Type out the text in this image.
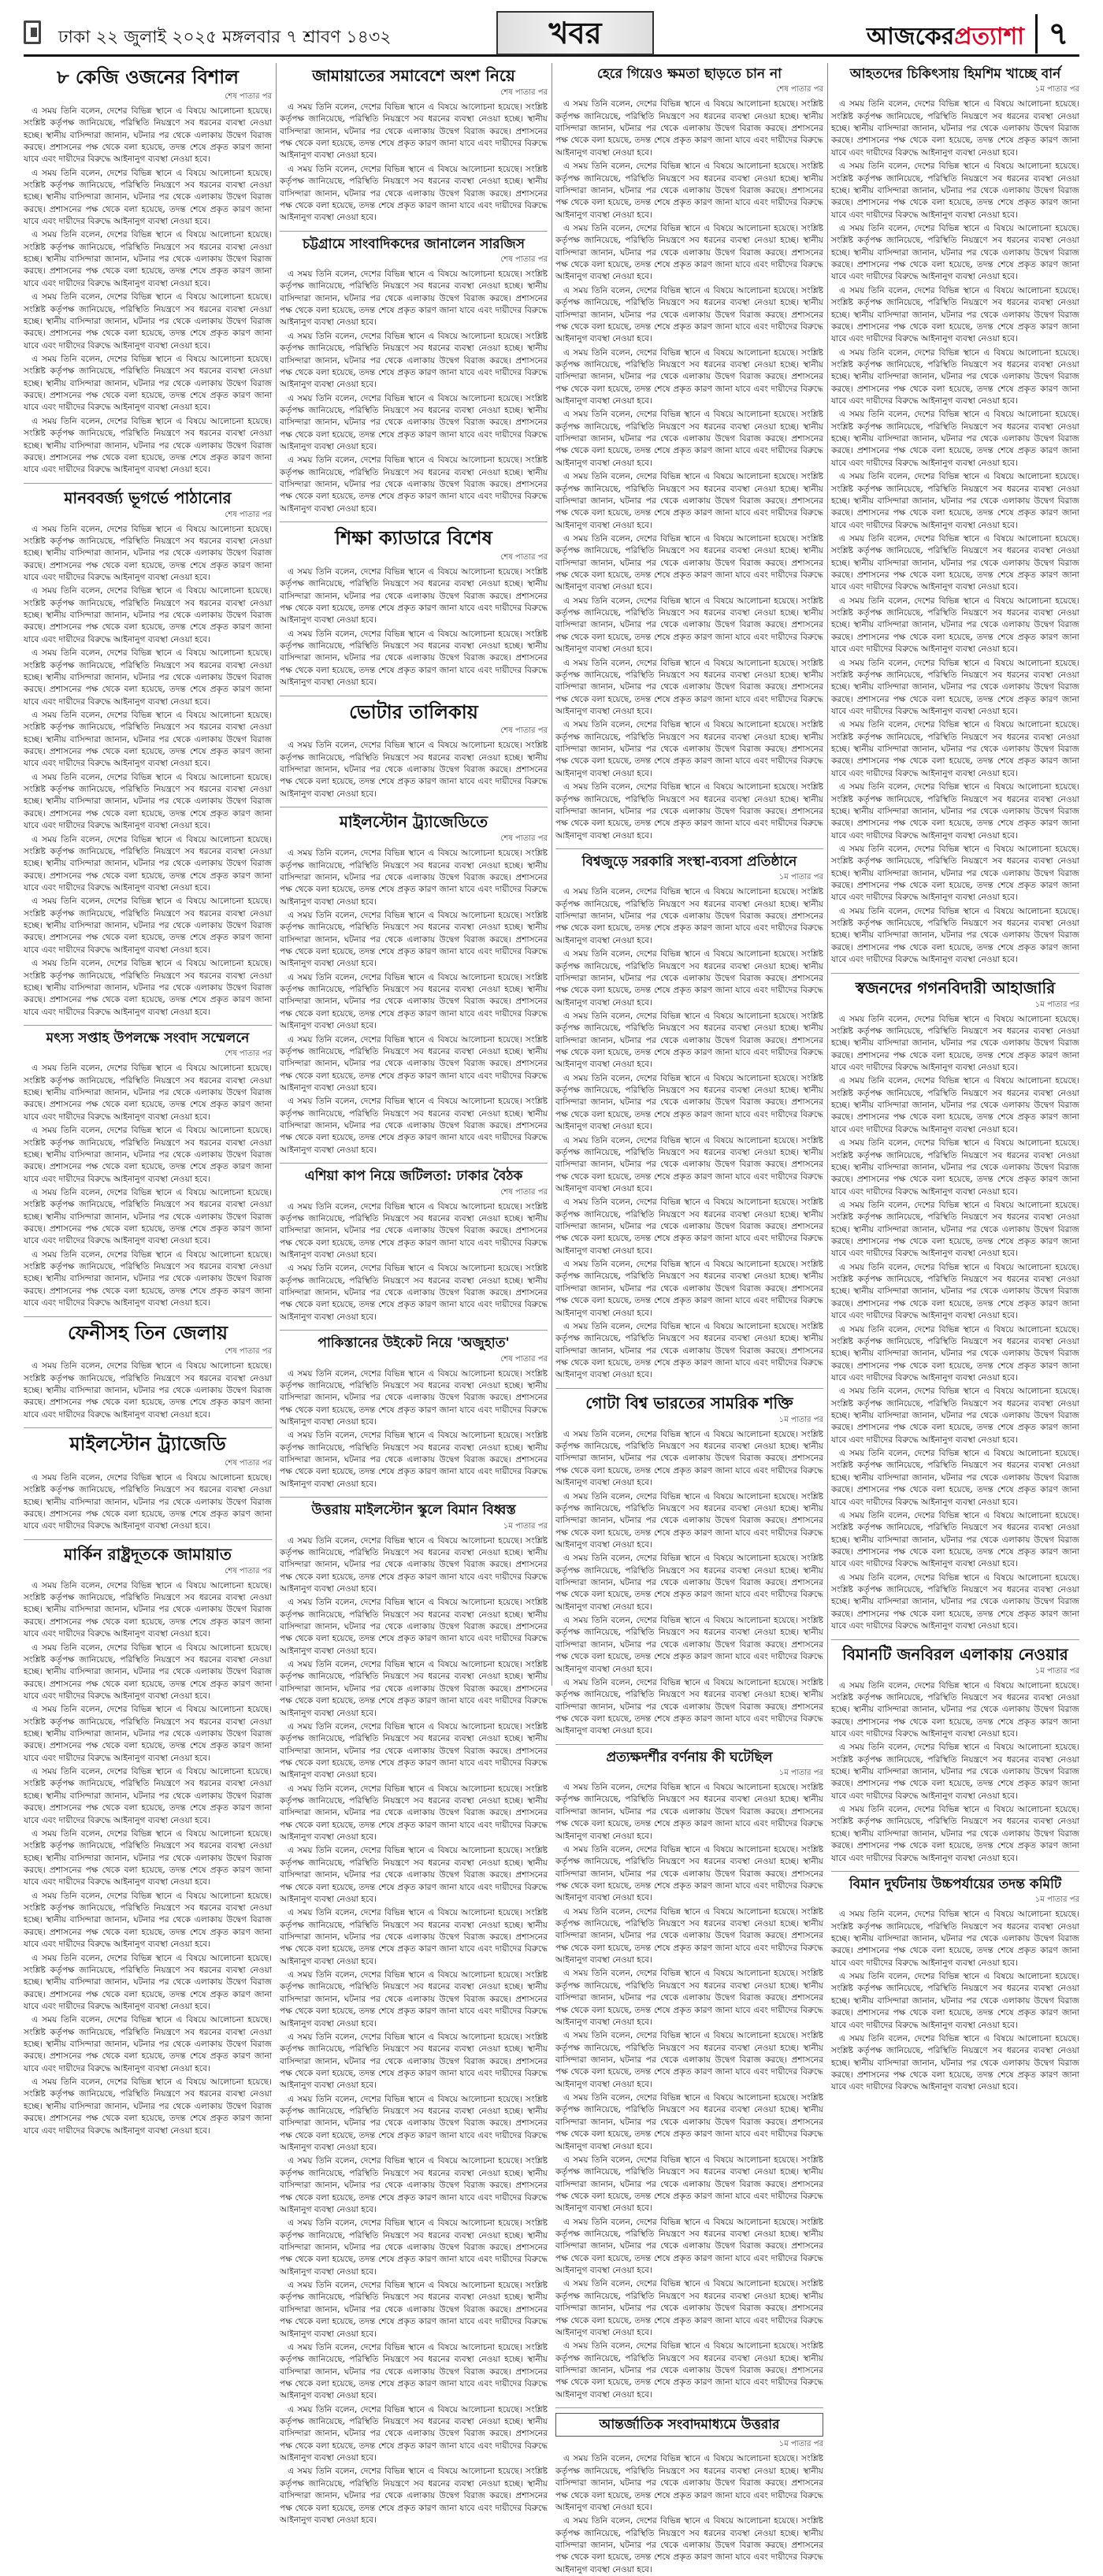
ঢাকা ২২ জুলাই ২০২৫ মঙ্গলবার ৭ শ্রাবণ ১৪৩২	খবর	আজকেরপ্রত্যাশা ৭
৮ কেজি ওজনের বিশাল
শেষ পাতার পর

এ সময় তিনি বলেন, দেশের বিভিন্ন স্থানে এ বিষয়ে আলোচনা হয়েছে। সংশ্লিষ্ট কর্তৃপক্ষ জানিয়েছে, পরিস্থিতি নিয়ন্ত্রণে সব ধরনের ব্যবস্থা নেওয়া হচ্ছে। স্থানীয় বাসিন্দারা জানান, ঘটনার পর থেকে এলাকায় উদ্বেগ বিরাজ করছে। প্রশাসনের পক্ষ থেকে বলা হয়েছে, তদন্ত শেষে প্রকৃত কারণ জানা যাবে এবং দায়ীদের বিরুদ্ধে আইনানুগ ব্যবস্থা নেওয়া হবে।

এ সময় তিনি বলেন, দেশের বিভিন্ন স্থানে এ বিষয়ে আলোচনা হয়েছে। সংশ্লিষ্ট কর্তৃপক্ষ জানিয়েছে, পরিস্থিতি নিয়ন্ত্রণে সব ধরনের ব্যবস্থা নেওয়া হচ্ছে। স্থানীয় বাসিন্দারা জানান, ঘটনার পর থেকে এলাকায় উদ্বেগ বিরাজ করছে। প্রশাসনের পক্ষ থেকে বলা হয়েছে, তদন্ত শেষে প্রকৃত কারণ জানা যাবে এবং দায়ীদের বিরুদ্ধে আইনানুগ ব্যবস্থা নেওয়া হবে।

এ সময় তিনি বলেন, দেশের বিভিন্ন স্থানে এ বিষয়ে আলোচনা হয়েছে। সংশ্লিষ্ট কর্তৃপক্ষ জানিয়েছে, পরিস্থিতি নিয়ন্ত্রণে সব ধরনের ব্যবস্থা নেওয়া হচ্ছে। স্থানীয় বাসিন্দারা জানান, ঘটনার পর থেকে এলাকায় উদ্বেগ বিরাজ করছে। প্রশাসনের পক্ষ থেকে বলা হয়েছে, তদন্ত শেষে প্রকৃত কারণ জানা যাবে এবং দায়ীদের বিরুদ্ধে আইনানুগ ব্যবস্থা নেওয়া হবে।

এ সময় তিনি বলেন, দেশের বিভিন্ন স্থানে এ বিষয়ে আলোচনা হয়েছে। সংশ্লিষ্ট কর্তৃপক্ষ জানিয়েছে, পরিস্থিতি নিয়ন্ত্রণে সব ধরনের ব্যবস্থা নেওয়া হচ্ছে। স্থানীয় বাসিন্দারা জানান, ঘটনার পর থেকে এলাকায় উদ্বেগ বিরাজ করছে। প্রশাসনের পক্ষ থেকে বলা হয়েছে, তদন্ত শেষে প্রকৃত কারণ জানা যাবে এবং দায়ীদের বিরুদ্ধে আইনানুগ ব্যবস্থা নেওয়া হবে।

এ সময় তিনি বলেন, দেশের বিভিন্ন স্থানে এ বিষয়ে আলোচনা হয়েছে। সংশ্লিষ্ট কর্তৃপক্ষ জানিয়েছে, পরিস্থিতি নিয়ন্ত্রণে সব ধরনের ব্যবস্থা নেওয়া হচ্ছে। স্থানীয় বাসিন্দারা জানান, ঘটনার পর থেকে এলাকায় উদ্বেগ বিরাজ করছে। প্রশাসনের পক্ষ থেকে বলা হয়েছে, তদন্ত শেষে প্রকৃত কারণ জানা যাবে এবং দায়ীদের বিরুদ্ধে আইনানুগ ব্যবস্থা নেওয়া হবে।

এ সময় তিনি বলেন, দেশের বিভিন্ন স্থানে এ বিষয়ে আলোচনা হয়েছে। সংশ্লিষ্ট কর্তৃপক্ষ জানিয়েছে, পরিস্থিতি নিয়ন্ত্রণে সব ধরনের ব্যবস্থা নেওয়া হচ্ছে। স্থানীয় বাসিন্দারা জানান, ঘটনার পর থেকে এলাকায় উদ্বেগ বিরাজ করছে। প্রশাসনের পক্ষ থেকে বলা হয়েছে, তদন্ত শেষে প্রকৃত কারণ জানা যাবে এবং দায়ীদের বিরুদ্ধে আইনানুগ ব্যবস্থা নেওয়া হবে।

মানববর্জ্য ভূগর্ভে পাঠানোর
শেষ পাতার পর

এ সময় তিনি বলেন, দেশের বিভিন্ন স্থানে এ বিষয়ে আলোচনা হয়েছে। সংশ্লিষ্ট কর্তৃপক্ষ জানিয়েছে, পরিস্থিতি নিয়ন্ত্রণে সব ধরনের ব্যবস্থা নেওয়া হচ্ছে। স্থানীয় বাসিন্দারা জানান, ঘটনার পর থেকে এলাকায় উদ্বেগ বিরাজ করছে। প্রশাসনের পক্ষ থেকে বলা হয়েছে, তদন্ত শেষে প্রকৃত কারণ জানা যাবে এবং দায়ীদের বিরুদ্ধে আইনানুগ ব্যবস্থা নেওয়া হবে।

এ সময় তিনি বলেন, দেশের বিভিন্ন স্থানে এ বিষয়ে আলোচনা হয়েছে। সংশ্লিষ্ট কর্তৃপক্ষ জানিয়েছে, পরিস্থিতি নিয়ন্ত্রণে সব ধরনের ব্যবস্থা নেওয়া হচ্ছে। স্থানীয় বাসিন্দারা জানান, ঘটনার পর থেকে এলাকায় উদ্বেগ বিরাজ করছে। প্রশাসনের পক্ষ থেকে বলা হয়েছে, তদন্ত শেষে প্রকৃত কারণ জানা যাবে এবং দায়ীদের বিরুদ্ধে আইনানুগ ব্যবস্থা নেওয়া হবে।

এ সময় তিনি বলেন, দেশের বিভিন্ন স্থানে এ বিষয়ে আলোচনা হয়েছে। সংশ্লিষ্ট কর্তৃপক্ষ জানিয়েছে, পরিস্থিতি নিয়ন্ত্রণে সব ধরনের ব্যবস্থা নেওয়া হচ্ছে। স্থানীয় বাসিন্দারা জানান, ঘটনার পর থেকে এলাকায় উদ্বেগ বিরাজ করছে। প্রশাসনের পক্ষ থেকে বলা হয়েছে, তদন্ত শেষে প্রকৃত কারণ জানা যাবে এবং দায়ীদের বিরুদ্ধে আইনানুগ ব্যবস্থা নেওয়া হবে।

এ সময় তিনি বলেন, দেশের বিভিন্ন স্থানে এ বিষয়ে আলোচনা হয়েছে। সংশ্লিষ্ট কর্তৃপক্ষ জানিয়েছে, পরিস্থিতি নিয়ন্ত্রণে সব ধরনের ব্যবস্থা নেওয়া হচ্ছে। স্থানীয় বাসিন্দারা জানান, ঘটনার পর থেকে এলাকায় উদ্বেগ বিরাজ করছে। প্রশাসনের পক্ষ থেকে বলা হয়েছে, তদন্ত শেষে প্রকৃত কারণ জানা যাবে এবং দায়ীদের বিরুদ্ধে আইনানুগ ব্যবস্থা নেওয়া হবে।

এ সময় তিনি বলেন, দেশের বিভিন্ন স্থানে এ বিষয়ে আলোচনা হয়েছে। সংশ্লিষ্ট কর্তৃপক্ষ জানিয়েছে, পরিস্থিতি নিয়ন্ত্রণে সব ধরনের ব্যবস্থা নেওয়া হচ্ছে। স্থানীয় বাসিন্দারা জানান, ঘটনার পর থেকে এলাকায় উদ্বেগ বিরাজ করছে। প্রশাসনের পক্ষ থেকে বলা হয়েছে, তদন্ত শেষে প্রকৃত কারণ জানা যাবে এবং দায়ীদের বিরুদ্ধে আইনানুগ ব্যবস্থা নেওয়া হবে।

এ সময় তিনি বলেন, দেশের বিভিন্ন স্থানে এ বিষয়ে আলোচনা হয়েছে। সংশ্লিষ্ট কর্তৃপক্ষ জানিয়েছে, পরিস্থিতি নিয়ন্ত্রণে সব ধরনের ব্যবস্থা নেওয়া হচ্ছে। স্থানীয় বাসিন্দারা জানান, ঘটনার পর থেকে এলাকায় উদ্বেগ বিরাজ করছে। প্রশাসনের পক্ষ থেকে বলা হয়েছে, তদন্ত শেষে প্রকৃত কারণ জানা যাবে এবং দায়ীদের বিরুদ্ধে আইনানুগ ব্যবস্থা নেওয়া হবে।

এ সময় তিনি বলেন, দেশের বিভিন্ন স্থানে এ বিষয়ে আলোচনা হয়েছে। সংশ্লিষ্ট কর্তৃপক্ষ জানিয়েছে, পরিস্থিতি নিয়ন্ত্রণে সব ধরনের ব্যবস্থা নেওয়া হচ্ছে। স্থানীয় বাসিন্দারা জানান, ঘটনার পর থেকে এলাকায় উদ্বেগ বিরাজ করছে। প্রশাসনের পক্ষ থেকে বলা হয়েছে, তদন্ত শেষে প্রকৃত কারণ জানা যাবে এবং দায়ীদের বিরুদ্ধে আইনানুগ ব্যবস্থা নেওয়া হবে।

এ সময় তিনি বলেন, দেশের বিভিন্ন স্থানে এ বিষয়ে আলোচনা হয়েছে। সংশ্লিষ্ট কর্তৃপক্ষ জানিয়েছে, পরিস্থিতি নিয়ন্ত্রণে সব ধরনের ব্যবস্থা নেওয়া হচ্ছে। স্থানীয় বাসিন্দারা জানান, ঘটনার পর থেকে এলাকায় উদ্বেগ বিরাজ করছে। প্রশাসনের পক্ষ থেকে বলা হয়েছে, তদন্ত শেষে প্রকৃত কারণ জানা যাবে এবং দায়ীদের বিরুদ্ধে আইনানুগ ব্যবস্থা নেওয়া হবে।

মৎস্য সপ্তাহ উপলক্ষে সংবাদ সম্মেলনে
শেষ পাতার পর

এ সময় তিনি বলেন, দেশের বিভিন্ন স্থানে এ বিষয়ে আলোচনা হয়েছে। সংশ্লিষ্ট কর্তৃপক্ষ জানিয়েছে, পরিস্থিতি নিয়ন্ত্রণে সব ধরনের ব্যবস্থা নেওয়া হচ্ছে। স্থানীয় বাসিন্দারা জানান, ঘটনার পর থেকে এলাকায় উদ্বেগ বিরাজ করছে। প্রশাসনের পক্ষ থেকে বলা হয়েছে, তদন্ত শেষে প্রকৃত কারণ জানা যাবে এবং দায়ীদের বিরুদ্ধে আইনানুগ ব্যবস্থা নেওয়া হবে।

এ সময় তিনি বলেন, দেশের বিভিন্ন স্থানে এ বিষয়ে আলোচনা হয়েছে। সংশ্লিষ্ট কর্তৃপক্ষ জানিয়েছে, পরিস্থিতি নিয়ন্ত্রণে সব ধরনের ব্যবস্থা নেওয়া হচ্ছে। স্থানীয় বাসিন্দারা জানান, ঘটনার পর থেকে এলাকায় উদ্বেগ বিরাজ করছে। প্রশাসনের পক্ষ থেকে বলা হয়েছে, তদন্ত শেষে প্রকৃত কারণ জানা যাবে এবং দায়ীদের বিরুদ্ধে আইনানুগ ব্যবস্থা নেওয়া হবে।

এ সময় তিনি বলেন, দেশের বিভিন্ন স্থানে এ বিষয়ে আলোচনা হয়েছে। সংশ্লিষ্ট কর্তৃপক্ষ জানিয়েছে, পরিস্থিতি নিয়ন্ত্রণে সব ধরনের ব্যবস্থা নেওয়া হচ্ছে। স্থানীয় বাসিন্দারা জানান, ঘটনার পর থেকে এলাকায় উদ্বেগ বিরাজ করছে। প্রশাসনের পক্ষ থেকে বলা হয়েছে, তদন্ত শেষে প্রকৃত কারণ জানা যাবে এবং দায়ীদের বিরুদ্ধে আইনানুগ ব্যবস্থা নেওয়া হবে।

এ সময় তিনি বলেন, দেশের বিভিন্ন স্থানে এ বিষয়ে আলোচনা হয়েছে। সংশ্লিষ্ট কর্তৃপক্ষ জানিয়েছে, পরিস্থিতি নিয়ন্ত্রণে সব ধরনের ব্যবস্থা নেওয়া হচ্ছে। স্থানীয় বাসিন্দারা জানান, ঘটনার পর থেকে এলাকায় উদ্বেগ বিরাজ করছে। প্রশাসনের পক্ষ থেকে বলা হয়েছে, তদন্ত শেষে প্রকৃত কারণ জানা যাবে এবং দায়ীদের বিরুদ্ধে আইনানুগ ব্যবস্থা নেওয়া হবে।

ফেনীসহ তিন জেলায়
শেষ পাতার পর

এ সময় তিনি বলেন, দেশের বিভিন্ন স্থানে এ বিষয়ে আলোচনা হয়েছে। সংশ্লিষ্ট কর্তৃপক্ষ জানিয়েছে, পরিস্থিতি নিয়ন্ত্রণে সব ধরনের ব্যবস্থা নেওয়া হচ্ছে। স্থানীয় বাসিন্দারা জানান, ঘটনার পর থেকে এলাকায় উদ্বেগ বিরাজ করছে। প্রশাসনের পক্ষ থেকে বলা হয়েছে, তদন্ত শেষে প্রকৃত কারণ জানা যাবে এবং দায়ীদের বিরুদ্ধে আইনানুগ ব্যবস্থা নেওয়া হবে।

মাইলস্টোন ট্র্যাজেডি
শেষ পাতার পর

এ সময় তিনি বলেন, দেশের বিভিন্ন স্থানে এ বিষয়ে আলোচনা হয়েছে। সংশ্লিষ্ট কর্তৃপক্ষ জানিয়েছে, পরিস্থিতি নিয়ন্ত্রণে সব ধরনের ব্যবস্থা নেওয়া হচ্ছে। স্থানীয় বাসিন্দারা জানান, ঘটনার পর থেকে এলাকায় উদ্বেগ বিরাজ করছে। প্রশাসনের পক্ষ থেকে বলা হয়েছে, তদন্ত শেষে প্রকৃত কারণ জানা যাবে এবং দায়ীদের বিরুদ্ধে আইনানুগ ব্যবস্থা নেওয়া হবে।

মার্কিন রাষ্ট্রদূতকে জামায়াত
শেষ পাতার পর

এ সময় তিনি বলেন, দেশের বিভিন্ন স্থানে এ বিষয়ে আলোচনা হয়েছে। সংশ্লিষ্ট কর্তৃপক্ষ জানিয়েছে, পরিস্থিতি নিয়ন্ত্রণে সব ধরনের ব্যবস্থা নেওয়া হচ্ছে। স্থানীয় বাসিন্দারা জানান, ঘটনার পর থেকে এলাকায় উদ্বেগ বিরাজ করছে। প্রশাসনের পক্ষ থেকে বলা হয়েছে, তদন্ত শেষে প্রকৃত কারণ জানা যাবে এবং দায়ীদের বিরুদ্ধে আইনানুগ ব্যবস্থা নেওয়া হবে।

এ সময় তিনি বলেন, দেশের বিভিন্ন স্থানে এ বিষয়ে আলোচনা হয়েছে। সংশ্লিষ্ট কর্তৃপক্ষ জানিয়েছে, পরিস্থিতি নিয়ন্ত্রণে সব ধরনের ব্যবস্থা নেওয়া হচ্ছে। স্থানীয় বাসিন্দারা জানান, ঘটনার পর থেকে এলাকায় উদ্বেগ বিরাজ করছে। প্রশাসনের পক্ষ থেকে বলা হয়েছে, তদন্ত শেষে প্রকৃত কারণ জানা যাবে এবং দায়ীদের বিরুদ্ধে আইনানুগ ব্যবস্থা নেওয়া হবে।

এ সময় তিনি বলেন, দেশের বিভিন্ন স্থানে এ বিষয়ে আলোচনা হয়েছে। সংশ্লিষ্ট কর্তৃপক্ষ জানিয়েছে, পরিস্থিতি নিয়ন্ত্রণে সব ধরনের ব্যবস্থা নেওয়া হচ্ছে। স্থানীয় বাসিন্দারা জানান, ঘটনার পর থেকে এলাকায় উদ্বেগ বিরাজ করছে। প্রশাসনের পক্ষ থেকে বলা হয়েছে, তদন্ত শেষে প্রকৃত কারণ জানা যাবে এবং দায়ীদের বিরুদ্ধে আইনানুগ ব্যবস্থা নেওয়া হবে।

এ সময় তিনি বলেন, দেশের বিভিন্ন স্থানে এ বিষয়ে আলোচনা হয়েছে। সংশ্লিষ্ট কর্তৃপক্ষ জানিয়েছে, পরিস্থিতি নিয়ন্ত্রণে সব ধরনের ব্যবস্থা নেওয়া হচ্ছে। স্থানীয় বাসিন্দারা জানান, ঘটনার পর থেকে এলাকায় উদ্বেগ বিরাজ করছে। প্রশাসনের পক্ষ থেকে বলা হয়েছে, তদন্ত শেষে প্রকৃত কারণ জানা যাবে এবং দায়ীদের বিরুদ্ধে আইনানুগ ব্যবস্থা নেওয়া হবে।

এ সময় তিনি বলেন, দেশের বিভিন্ন স্থানে এ বিষয়ে আলোচনা হয়েছে। সংশ্লিষ্ট কর্তৃপক্ষ জানিয়েছে, পরিস্থিতি নিয়ন্ত্রণে সব ধরনের ব্যবস্থা নেওয়া হচ্ছে। স্থানীয় বাসিন্দারা জানান, ঘটনার পর থেকে এলাকায় উদ্বেগ বিরাজ করছে। প্রশাসনের পক্ষ থেকে বলা হয়েছে, তদন্ত শেষে প্রকৃত কারণ জানা যাবে এবং দায়ীদের বিরুদ্ধে আইনানুগ ব্যবস্থা নেওয়া হবে।

এ সময় তিনি বলেন, দেশের বিভিন্ন স্থানে এ বিষয়ে আলোচনা হয়েছে। সংশ্লিষ্ট কর্তৃপক্ষ জানিয়েছে, পরিস্থিতি নিয়ন্ত্রণে সব ধরনের ব্যবস্থা নেওয়া হচ্ছে। স্থানীয় বাসিন্দারা জানান, ঘটনার পর থেকে এলাকায় উদ্বেগ বিরাজ করছে। প্রশাসনের পক্ষ থেকে বলা হয়েছে, তদন্ত শেষে প্রকৃত কারণ জানা যাবে এবং দায়ীদের বিরুদ্ধে আইনানুগ ব্যবস্থা নেওয়া হবে।

এ সময় তিনি বলেন, দেশের বিভিন্ন স্থানে এ বিষয়ে আলোচনা হয়েছে। সংশ্লিষ্ট কর্তৃপক্ষ জানিয়েছে, পরিস্থিতি নিয়ন্ত্রণে সব ধরনের ব্যবস্থা নেওয়া হচ্ছে। স্থানীয় বাসিন্দারা জানান, ঘটনার পর থেকে এলাকায় উদ্বেগ বিরাজ করছে। প্রশাসনের পক্ষ থেকে বলা হয়েছে, তদন্ত শেষে প্রকৃত কারণ জানা যাবে এবং দায়ীদের বিরুদ্ধে আইনানুগ ব্যবস্থা নেওয়া হবে।

এ সময় তিনি বলেন, দেশের বিভিন্ন স্থানে এ বিষয়ে আলোচনা হয়েছে। সংশ্লিষ্ট কর্তৃপক্ষ জানিয়েছে, পরিস্থিতি নিয়ন্ত্রণে সব ধরনের ব্যবস্থা নেওয়া হচ্ছে। স্থানীয় বাসিন্দারা জানান, ঘটনার পর থেকে এলাকায় উদ্বেগ বিরাজ করছে। প্রশাসনের পক্ষ থেকে বলা হয়েছে, তদন্ত শেষে প্রকৃত কারণ জানা যাবে এবং দায়ীদের বিরুদ্ধে আইনানুগ ব্যবস্থা নেওয়া হবে।

এ সময় তিনি বলেন, দেশের বিভিন্ন স্থানে এ বিষয়ে আলোচনা হয়েছে। সংশ্লিষ্ট কর্তৃপক্ষ জানিয়েছে, পরিস্থিতি নিয়ন্ত্রণে সব ধরনের ব্যবস্থা নেওয়া হচ্ছে। স্থানীয় বাসিন্দারা জানান, ঘটনার পর থেকে এলাকায় উদ্বেগ বিরাজ করছে। প্রশাসনের পক্ষ থেকে বলা হয়েছে, তদন্ত শেষে প্রকৃত কারণ জানা যাবে এবং দায়ীদের বিরুদ্ধে আইনানুগ ব্যবস্থা নেওয়া হবে।

জামায়াতের সমাবেশে অংশ নিয়ে
শেষ পাতার পর

এ সময় তিনি বলেন, দেশের বিভিন্ন স্থানে এ বিষয়ে আলোচনা হয়েছে। সংশ্লিষ্ট কর্তৃপক্ষ জানিয়েছে, পরিস্থিতি নিয়ন্ত্রণে সব ধরনের ব্যবস্থা নেওয়া হচ্ছে। স্থানীয় বাসিন্দারা জানান, ঘটনার পর থেকে এলাকায় উদ্বেগ বিরাজ করছে। প্রশাসনের পক্ষ থেকে বলা হয়েছে, তদন্ত শেষে প্রকৃত কারণ জানা যাবে এবং দায়ীদের বিরুদ্ধে আইনানুগ ব্যবস্থা নেওয়া হবে।

এ সময় তিনি বলেন, দেশের বিভিন্ন স্থানে এ বিষয়ে আলোচনা হয়েছে। সংশ্লিষ্ট কর্তৃপক্ষ জানিয়েছে, পরিস্থিতি নিয়ন্ত্রণে সব ধরনের ব্যবস্থা নেওয়া হচ্ছে। স্থানীয় বাসিন্দারা জানান, ঘটনার পর থেকে এলাকায় উদ্বেগ বিরাজ করছে। প্রশাসনের পক্ষ থেকে বলা হয়েছে, তদন্ত শেষে প্রকৃত কারণ জানা যাবে এবং দায়ীদের বিরুদ্ধে আইনানুগ ব্যবস্থা নেওয়া হবে।

চট্টগ্রামে সাংবাদিকদের জানালেন সারজিস
শেষ পাতার পর

এ সময় তিনি বলেন, দেশের বিভিন্ন স্থানে এ বিষয়ে আলোচনা হয়েছে। সংশ্লিষ্ট কর্তৃপক্ষ জানিয়েছে, পরিস্থিতি নিয়ন্ত্রণে সব ধরনের ব্যবস্থা নেওয়া হচ্ছে। স্থানীয় বাসিন্দারা জানান, ঘটনার পর থেকে এলাকায় উদ্বেগ বিরাজ করছে। প্রশাসনের পক্ষ থেকে বলা হয়েছে, তদন্ত শেষে প্রকৃত কারণ জানা যাবে এবং দায়ীদের বিরুদ্ধে আইনানুগ ব্যবস্থা নেওয়া হবে।

এ সময় তিনি বলেন, দেশের বিভিন্ন স্থানে এ বিষয়ে আলোচনা হয়েছে। সংশ্লিষ্ট কর্তৃপক্ষ জানিয়েছে, পরিস্থিতি নিয়ন্ত্রণে সব ধরনের ব্যবস্থা নেওয়া হচ্ছে। স্থানীয় বাসিন্দারা জানান, ঘটনার পর থেকে এলাকায় উদ্বেগ বিরাজ করছে। প্রশাসনের পক্ষ থেকে বলা হয়েছে, তদন্ত শেষে প্রকৃত কারণ জানা যাবে এবং দায়ীদের বিরুদ্ধে আইনানুগ ব্যবস্থা নেওয়া হবে।

এ সময় তিনি বলেন, দেশের বিভিন্ন স্থানে এ বিষয়ে আলোচনা হয়েছে। সংশ্লিষ্ট কর্তৃপক্ষ জানিয়েছে, পরিস্থিতি নিয়ন্ত্রণে সব ধরনের ব্যবস্থা নেওয়া হচ্ছে। স্থানীয় বাসিন্দারা জানান, ঘটনার পর থেকে এলাকায় উদ্বেগ বিরাজ করছে। প্রশাসনের পক্ষ থেকে বলা হয়েছে, তদন্ত শেষে প্রকৃত কারণ জানা যাবে এবং দায়ীদের বিরুদ্ধে আইনানুগ ব্যবস্থা নেওয়া হবে।

এ সময় তিনি বলেন, দেশের বিভিন্ন স্থানে এ বিষয়ে আলোচনা হয়েছে। সংশ্লিষ্ট কর্তৃপক্ষ জানিয়েছে, পরিস্থিতি নিয়ন্ত্রণে সব ধরনের ব্যবস্থা নেওয়া হচ্ছে। স্থানীয় বাসিন্দারা জানান, ঘটনার পর থেকে এলাকায় উদ্বেগ বিরাজ করছে। প্রশাসনের পক্ষ থেকে বলা হয়েছে, তদন্ত শেষে প্রকৃত কারণ জানা যাবে এবং দায়ীদের বিরুদ্ধে আইনানুগ ব্যবস্থা নেওয়া হবে।

শিক্ষা ক্যাডারে বিশেষ
শেষ পাতার পর

এ সময় তিনি বলেন, দেশের বিভিন্ন স্থানে এ বিষয়ে আলোচনা হয়েছে। সংশ্লিষ্ট কর্তৃপক্ষ জানিয়েছে, পরিস্থিতি নিয়ন্ত্রণে সব ধরনের ব্যবস্থা নেওয়া হচ্ছে। স্থানীয় বাসিন্দারা জানান, ঘটনার পর থেকে এলাকায় উদ্বেগ বিরাজ করছে। প্রশাসনের পক্ষ থেকে বলা হয়েছে, তদন্ত শেষে প্রকৃত কারণ জানা যাবে এবং দায়ীদের বিরুদ্ধে আইনানুগ ব্যবস্থা নেওয়া হবে।

এ সময় তিনি বলেন, দেশের বিভিন্ন স্থানে এ বিষয়ে আলোচনা হয়েছে। সংশ্লিষ্ট কর্তৃপক্ষ জানিয়েছে, পরিস্থিতি নিয়ন্ত্রণে সব ধরনের ব্যবস্থা নেওয়া হচ্ছে। স্থানীয় বাসিন্দারা জানান, ঘটনার পর থেকে এলাকায় উদ্বেগ বিরাজ করছে। প্রশাসনের পক্ষ থেকে বলা হয়েছে, তদন্ত শেষে প্রকৃত কারণ জানা যাবে এবং দায়ীদের বিরুদ্ধে আইনানুগ ব্যবস্থা নেওয়া হবে।

ভোটার তালিকায়
শেষ পাতার পর

এ সময় তিনি বলেন, দেশের বিভিন্ন স্থানে এ বিষয়ে আলোচনা হয়েছে। সংশ্লিষ্ট কর্তৃপক্ষ জানিয়েছে, পরিস্থিতি নিয়ন্ত্রণে সব ধরনের ব্যবস্থা নেওয়া হচ্ছে। স্থানীয় বাসিন্দারা জানান, ঘটনার পর থেকে এলাকায় উদ্বেগ বিরাজ করছে। প্রশাসনের পক্ষ থেকে বলা হয়েছে, তদন্ত শেষে প্রকৃত কারণ জানা যাবে এবং দায়ীদের বিরুদ্ধে আইনানুগ ব্যবস্থা নেওয়া হবে।

মাইলস্টোন ট্র্যাজেডিতে
শেষ পাতার পর

এ সময় তিনি বলেন, দেশের বিভিন্ন স্থানে এ বিষয়ে আলোচনা হয়েছে। সংশ্লিষ্ট কর্তৃপক্ষ জানিয়েছে, পরিস্থিতি নিয়ন্ত্রণে সব ধরনের ব্যবস্থা নেওয়া হচ্ছে। স্থানীয় বাসিন্দারা জানান, ঘটনার পর থেকে এলাকায় উদ্বেগ বিরাজ করছে। প্রশাসনের পক্ষ থেকে বলা হয়েছে, তদন্ত শেষে প্রকৃত কারণ জানা যাবে এবং দায়ীদের বিরুদ্ধে আইনানুগ ব্যবস্থা নেওয়া হবে।

এ সময় তিনি বলেন, দেশের বিভিন্ন স্থানে এ বিষয়ে আলোচনা হয়েছে। সংশ্লিষ্ট কর্তৃপক্ষ জানিয়েছে, পরিস্থিতি নিয়ন্ত্রণে সব ধরনের ব্যবস্থা নেওয়া হচ্ছে। স্থানীয় বাসিন্দারা জানান, ঘটনার পর থেকে এলাকায় উদ্বেগ বিরাজ করছে। প্রশাসনের পক্ষ থেকে বলা হয়েছে, তদন্ত শেষে প্রকৃত কারণ জানা যাবে এবং দায়ীদের বিরুদ্ধে আইনানুগ ব্যবস্থা নেওয়া হবে।

এ সময় তিনি বলেন, দেশের বিভিন্ন স্থানে এ বিষয়ে আলোচনা হয়েছে। সংশ্লিষ্ট কর্তৃপক্ষ জানিয়েছে, পরিস্থিতি নিয়ন্ত্রণে সব ধরনের ব্যবস্থা নেওয়া হচ্ছে। স্থানীয় বাসিন্দারা জানান, ঘটনার পর থেকে এলাকায় উদ্বেগ বিরাজ করছে। প্রশাসনের পক্ষ থেকে বলা হয়েছে, তদন্ত শেষে প্রকৃত কারণ জানা যাবে এবং দায়ীদের বিরুদ্ধে আইনানুগ ব্যবস্থা নেওয়া হবে।

এ সময় তিনি বলেন, দেশের বিভিন্ন স্থানে এ বিষয়ে আলোচনা হয়েছে। সংশ্লিষ্ট কর্তৃপক্ষ জানিয়েছে, পরিস্থিতি নিয়ন্ত্রণে সব ধরনের ব্যবস্থা নেওয়া হচ্ছে। স্থানীয় বাসিন্দারা জানান, ঘটনার পর থেকে এলাকায় উদ্বেগ বিরাজ করছে। প্রশাসনের পক্ষ থেকে বলা হয়েছে, তদন্ত শেষে প্রকৃত কারণ জানা যাবে এবং দায়ীদের বিরুদ্ধে আইনানুগ ব্যবস্থা নেওয়া হবে।

এ সময় তিনি বলেন, দেশের বিভিন্ন স্থানে এ বিষয়ে আলোচনা হয়েছে। সংশ্লিষ্ট কর্তৃপক্ষ জানিয়েছে, পরিস্থিতি নিয়ন্ত্রণে সব ধরনের ব্যবস্থা নেওয়া হচ্ছে। স্থানীয় বাসিন্দারা জানান, ঘটনার পর থেকে এলাকায় উদ্বেগ বিরাজ করছে। প্রশাসনের পক্ষ থেকে বলা হয়েছে, তদন্ত শেষে প্রকৃত কারণ জানা যাবে এবং দায়ীদের বিরুদ্ধে আইনানুগ ব্যবস্থা নেওয়া হবে।

এশিয়া কাপ নিয়ে জটিলতা: ঢাকার বৈঠক
শেষ পাতার পর

এ সময় তিনি বলেন, দেশের বিভিন্ন স্থানে এ বিষয়ে আলোচনা হয়েছে। সংশ্লিষ্ট কর্তৃপক্ষ জানিয়েছে, পরিস্থিতি নিয়ন্ত্রণে সব ধরনের ব্যবস্থা নেওয়া হচ্ছে। স্থানীয় বাসিন্দারা জানান, ঘটনার পর থেকে এলাকায় উদ্বেগ বিরাজ করছে। প্রশাসনের পক্ষ থেকে বলা হয়েছে, তদন্ত শেষে প্রকৃত কারণ জানা যাবে এবং দায়ীদের বিরুদ্ধে আইনানুগ ব্যবস্থা নেওয়া হবে।

এ সময় তিনি বলেন, দেশের বিভিন্ন স্থানে এ বিষয়ে আলোচনা হয়েছে। সংশ্লিষ্ট কর্তৃপক্ষ জানিয়েছে, পরিস্থিতি নিয়ন্ত্রণে সব ধরনের ব্যবস্থা নেওয়া হচ্ছে। স্থানীয় বাসিন্দারা জানান, ঘটনার পর থেকে এলাকায় উদ্বেগ বিরাজ করছে। প্রশাসনের পক্ষ থেকে বলা হয়েছে, তদন্ত শেষে প্রকৃত কারণ জানা যাবে এবং দায়ীদের বিরুদ্ধে আইনানুগ ব্যবস্থা নেওয়া হবে।

পাকিস্তানের উইকেট নিয়ে 'অজুহাত'
শেষ পাতার পর

এ সময় তিনি বলেন, দেশের বিভিন্ন স্থানে এ বিষয়ে আলোচনা হয়েছে। সংশ্লিষ্ট কর্তৃপক্ষ জানিয়েছে, পরিস্থিতি নিয়ন্ত্রণে সব ধরনের ব্যবস্থা নেওয়া হচ্ছে। স্থানীয় বাসিন্দারা জানান, ঘটনার পর থেকে এলাকায় উদ্বেগ বিরাজ করছে। প্রশাসনের পক্ষ থেকে বলা হয়েছে, তদন্ত শেষে প্রকৃত কারণ জানা যাবে এবং দায়ীদের বিরুদ্ধে আইনানুগ ব্যবস্থা নেওয়া হবে।

এ সময় তিনি বলেন, দেশের বিভিন্ন স্থানে এ বিষয়ে আলোচনা হয়েছে। সংশ্লিষ্ট কর্তৃপক্ষ জানিয়েছে, পরিস্থিতি নিয়ন্ত্রণে সব ধরনের ব্যবস্থা নেওয়া হচ্ছে। স্থানীয় বাসিন্দারা জানান, ঘটনার পর থেকে এলাকায় উদ্বেগ বিরাজ করছে। প্রশাসনের পক্ষ থেকে বলা হয়েছে, তদন্ত শেষে প্রকৃত কারণ জানা যাবে এবং দায়ীদের বিরুদ্ধে আইনানুগ ব্যবস্থা নেওয়া হবে।

উত্তরায় মাইলস্টোন স্কুলে বিমান বিধ্বস্ত
১ম পাতার পর

এ সময় তিনি বলেন, দেশের বিভিন্ন স্থানে এ বিষয়ে আলোচনা হয়েছে। সংশ্লিষ্ট কর্তৃপক্ষ জানিয়েছে, পরিস্থিতি নিয়ন্ত্রণে সব ধরনের ব্যবস্থা নেওয়া হচ্ছে। স্থানীয় বাসিন্দারা জানান, ঘটনার পর থেকে এলাকায় উদ্বেগ বিরাজ করছে। প্রশাসনের পক্ষ থেকে বলা হয়েছে, তদন্ত শেষে প্রকৃত কারণ জানা যাবে এবং দায়ীদের বিরুদ্ধে আইনানুগ ব্যবস্থা নেওয়া হবে।

এ সময় তিনি বলেন, দেশের বিভিন্ন স্থানে এ বিষয়ে আলোচনা হয়েছে। সংশ্লিষ্ট কর্তৃপক্ষ জানিয়েছে, পরিস্থিতি নিয়ন্ত্রণে সব ধরনের ব্যবস্থা নেওয়া হচ্ছে। স্থানীয় বাসিন্দারা জানান, ঘটনার পর থেকে এলাকায় উদ্বেগ বিরাজ করছে। প্রশাসনের পক্ষ থেকে বলা হয়েছে, তদন্ত শেষে প্রকৃত কারণ জানা যাবে এবং দায়ীদের বিরুদ্ধে আইনানুগ ব্যবস্থা নেওয়া হবে।

এ সময় তিনি বলেন, দেশের বিভিন্ন স্থানে এ বিষয়ে আলোচনা হয়েছে। সংশ্লিষ্ট কর্তৃপক্ষ জানিয়েছে, পরিস্থিতি নিয়ন্ত্রণে সব ধরনের ব্যবস্থা নেওয়া হচ্ছে। স্থানীয় বাসিন্দারা জানান, ঘটনার পর থেকে এলাকায় উদ্বেগ বিরাজ করছে। প্রশাসনের পক্ষ থেকে বলা হয়েছে, তদন্ত শেষে প্রকৃত কারণ জানা যাবে এবং দায়ীদের বিরুদ্ধে আইনানুগ ব্যবস্থা নেওয়া হবে।

এ সময় তিনি বলেন, দেশের বিভিন্ন স্থানে এ বিষয়ে আলোচনা হয়েছে। সংশ্লিষ্ট কর্তৃপক্ষ জানিয়েছে, পরিস্থিতি নিয়ন্ত্রণে সব ধরনের ব্যবস্থা নেওয়া হচ্ছে। স্থানীয় বাসিন্দারা জানান, ঘটনার পর থেকে এলাকায় উদ্বেগ বিরাজ করছে। প্রশাসনের পক্ষ থেকে বলা হয়েছে, তদন্ত শেষে প্রকৃত কারণ জানা যাবে এবং দায়ীদের বিরুদ্ধে আইনানুগ ব্যবস্থা নেওয়া হবে।

এ সময় তিনি বলেন, দেশের বিভিন্ন স্থানে এ বিষয়ে আলোচনা হয়েছে। সংশ্লিষ্ট কর্তৃপক্ষ জানিয়েছে, পরিস্থিতি নিয়ন্ত্রণে সব ধরনের ব্যবস্থা নেওয়া হচ্ছে। স্থানীয় বাসিন্দারা জানান, ঘটনার পর থেকে এলাকায় উদ্বেগ বিরাজ করছে। প্রশাসনের পক্ষ থেকে বলা হয়েছে, তদন্ত শেষে প্রকৃত কারণ জানা যাবে এবং দায়ীদের বিরুদ্ধে আইনানুগ ব্যবস্থা নেওয়া হবে।

এ সময় তিনি বলেন, দেশের বিভিন্ন স্থানে এ বিষয়ে আলোচনা হয়েছে। সংশ্লিষ্ট কর্তৃপক্ষ জানিয়েছে, পরিস্থিতি নিয়ন্ত্রণে সব ধরনের ব্যবস্থা নেওয়া হচ্ছে। স্থানীয় বাসিন্দারা জানান, ঘটনার পর থেকে এলাকায় উদ্বেগ বিরাজ করছে। প্রশাসনের পক্ষ থেকে বলা হয়েছে, তদন্ত শেষে প্রকৃত কারণ জানা যাবে এবং দায়ীদের বিরুদ্ধে আইনানুগ ব্যবস্থা নেওয়া হবে।

এ সময় তিনি বলেন, দেশের বিভিন্ন স্থানে এ বিষয়ে আলোচনা হয়েছে। সংশ্লিষ্ট কর্তৃপক্ষ জানিয়েছে, পরিস্থিতি নিয়ন্ত্রণে সব ধরনের ব্যবস্থা নেওয়া হচ্ছে। স্থানীয় বাসিন্দারা জানান, ঘটনার পর থেকে এলাকায় উদ্বেগ বিরাজ করছে। প্রশাসনের পক্ষ থেকে বলা হয়েছে, তদন্ত শেষে প্রকৃত কারণ জানা যাবে এবং দায়ীদের বিরুদ্ধে আইনানুগ ব্যবস্থা নেওয়া হবে।

এ সময় তিনি বলেন, দেশের বিভিন্ন স্থানে এ বিষয়ে আলোচনা হয়েছে। সংশ্লিষ্ট কর্তৃপক্ষ জানিয়েছে, পরিস্থিতি নিয়ন্ত্রণে সব ধরনের ব্যবস্থা নেওয়া হচ্ছে। স্থানীয় বাসিন্দারা জানান, ঘটনার পর থেকে এলাকায় উদ্বেগ বিরাজ করছে। প্রশাসনের পক্ষ থেকে বলা হয়েছে, তদন্ত শেষে প্রকৃত কারণ জানা যাবে এবং দায়ীদের বিরুদ্ধে আইনানুগ ব্যবস্থা নেওয়া হবে।

এ সময় তিনি বলেন, দেশের বিভিন্ন স্থানে এ বিষয়ে আলোচনা হয়েছে। সংশ্লিষ্ট কর্তৃপক্ষ জানিয়েছে, পরিস্থিতি নিয়ন্ত্রণে সব ধরনের ব্যবস্থা নেওয়া হচ্ছে। স্থানীয় বাসিন্দারা জানান, ঘটনার পর থেকে এলাকায় উদ্বেগ বিরাজ করছে। প্রশাসনের পক্ষ থেকে বলা হয়েছে, তদন্ত শেষে প্রকৃত কারণ জানা যাবে এবং দায়ীদের বিরুদ্ধে আইনানুগ ব্যবস্থা নেওয়া হবে।

এ সময় তিনি বলেন, দেশের বিভিন্ন স্থানে এ বিষয়ে আলোচনা হয়েছে। সংশ্লিষ্ট কর্তৃপক্ষ জানিয়েছে, পরিস্থিতি নিয়ন্ত্রণে সব ধরনের ব্যবস্থা নেওয়া হচ্ছে। স্থানীয় বাসিন্দারা জানান, ঘটনার পর থেকে এলাকায় উদ্বেগ বিরাজ করছে। প্রশাসনের পক্ষ থেকে বলা হয়েছে, তদন্ত শেষে প্রকৃত কারণ জানা যাবে এবং দায়ীদের বিরুদ্ধে আইনানুগ ব্যবস্থা নেওয়া হবে।

এ সময় তিনি বলেন, দেশের বিভিন্ন স্থানে এ বিষয়ে আলোচনা হয়েছে। সংশ্লিষ্ট কর্তৃপক্ষ জানিয়েছে, পরিস্থিতি নিয়ন্ত্রণে সব ধরনের ব্যবস্থা নেওয়া হচ্ছে। স্থানীয় বাসিন্দারা জানান, ঘটনার পর থেকে এলাকায় উদ্বেগ বিরাজ করছে। প্রশাসনের পক্ষ থেকে বলা হয়েছে, তদন্ত শেষে প্রকৃত কারণ জানা যাবে এবং দায়ীদের বিরুদ্ধে আইনানুগ ব্যবস্থা নেওয়া হবে।

এ সময় তিনি বলেন, দেশের বিভিন্ন স্থানে এ বিষয়ে আলোচনা হয়েছে। সংশ্লিষ্ট কর্তৃপক্ষ জানিয়েছে, পরিস্থিতি নিয়ন্ত্রণে সব ধরনের ব্যবস্থা নেওয়া হচ্ছে। স্থানীয় বাসিন্দারা জানান, ঘটনার পর থেকে এলাকায় উদ্বেগ বিরাজ করছে। প্রশাসনের পক্ষ থেকে বলা হয়েছে, তদন্ত শেষে প্রকৃত কারণ জানা যাবে এবং দায়ীদের বিরুদ্ধে আইনানুগ ব্যবস্থা নেওয়া হবে।

এ সময় তিনি বলেন, দেশের বিভিন্ন স্থানে এ বিষয়ে আলোচনা হয়েছে। সংশ্লিষ্ট কর্তৃপক্ষ জানিয়েছে, পরিস্থিতি নিয়ন্ত্রণে সব ধরনের ব্যবস্থা নেওয়া হচ্ছে। স্থানীয় বাসিন্দারা জানান, ঘটনার পর থেকে এলাকায় উদ্বেগ বিরাজ করছে। প্রশাসনের পক্ষ থেকে বলা হয়েছে, তদন্ত শেষে প্রকৃত কারণ জানা যাবে এবং দায়ীদের বিরুদ্ধে আইনানুগ ব্যবস্থা নেওয়া হবে।

এ সময় তিনি বলেন, দেশের বিভিন্ন স্থানে এ বিষয়ে আলোচনা হয়েছে। সংশ্লিষ্ট কর্তৃপক্ষ জানিয়েছে, পরিস্থিতি নিয়ন্ত্রণে সব ধরনের ব্যবস্থা নেওয়া হচ্ছে। স্থানীয় বাসিন্দারা জানান, ঘটনার পর থেকে এলাকায় উদ্বেগ বিরাজ করছে। প্রশাসনের পক্ষ থেকে বলা হয়েছে, তদন্ত শেষে প্রকৃত কারণ জানা যাবে এবং দায়ীদের বিরুদ্ধে আইনানুগ ব্যবস্থা নেওয়া হবে।

এ সময় তিনি বলেন, দেশের বিভিন্ন স্থানে এ বিষয়ে আলোচনা হয়েছে। সংশ্লিষ্ট কর্তৃপক্ষ জানিয়েছে, পরিস্থিতি নিয়ন্ত্রণে সব ধরনের ব্যবস্থা নেওয়া হচ্ছে। স্থানীয় বাসিন্দারা জানান, ঘটনার পর থেকে এলাকায় উদ্বেগ বিরাজ করছে। প্রশাসনের পক্ষ থেকে বলা হয়েছে, তদন্ত শেষে প্রকৃত কারণ জানা যাবে এবং দায়ীদের বিরুদ্ধে আইনানুগ ব্যবস্থা নেওয়া হবে।

এ সময় তিনি বলেন, দেশের বিভিন্ন স্থানে এ বিষয়ে আলোচনা হয়েছে। সংশ্লিষ্ট কর্তৃপক্ষ জানিয়েছে, পরিস্থিতি নিয়ন্ত্রণে সব ধরনের ব্যবস্থা নেওয়া হচ্ছে। স্থানীয় বাসিন্দারা জানান, ঘটনার পর থেকে এলাকায় উদ্বেগ বিরাজ করছে। প্রশাসনের পক্ষ থেকে বলা হয়েছে, তদন্ত শেষে প্রকৃত কারণ জানা যাবে এবং দায়ীদের বিরুদ্ধে আইনানুগ ব্যবস্থা নেওয়া হবে।

হেরে গিয়েও ক্ষমতা ছাড়তে চান না
শেষ পাতার পর

এ সময় তিনি বলেন, দেশের বিভিন্ন স্থানে এ বিষয়ে আলোচনা হয়েছে। সংশ্লিষ্ট কর্তৃপক্ষ জানিয়েছে, পরিস্থিতি নিয়ন্ত্রণে সব ধরনের ব্যবস্থা নেওয়া হচ্ছে। স্থানীয় বাসিন্দারা জানান, ঘটনার পর থেকে এলাকায় উদ্বেগ বিরাজ করছে। প্রশাসনের পক্ষ থেকে বলা হয়েছে, তদন্ত শেষে প্রকৃত কারণ জানা যাবে এবং দায়ীদের বিরুদ্ধে আইনানুগ ব্যবস্থা নেওয়া হবে।

এ সময় তিনি বলেন, দেশের বিভিন্ন স্থানে এ বিষয়ে আলোচনা হয়েছে। সংশ্লিষ্ট কর্তৃপক্ষ জানিয়েছে, পরিস্থিতি নিয়ন্ত্রণে সব ধরনের ব্যবস্থা নেওয়া হচ্ছে। স্থানীয় বাসিন্দারা জানান, ঘটনার পর থেকে এলাকায় উদ্বেগ বিরাজ করছে। প্রশাসনের পক্ষ থেকে বলা হয়েছে, তদন্ত শেষে প্রকৃত কারণ জানা যাবে এবং দায়ীদের বিরুদ্ধে আইনানুগ ব্যবস্থা নেওয়া হবে।

এ সময় তিনি বলেন, দেশের বিভিন্ন স্থানে এ বিষয়ে আলোচনা হয়েছে। সংশ্লিষ্ট কর্তৃপক্ষ জানিয়েছে, পরিস্থিতি নিয়ন্ত্রণে সব ধরনের ব্যবস্থা নেওয়া হচ্ছে। স্থানীয় বাসিন্দারা জানান, ঘটনার পর থেকে এলাকায় উদ্বেগ বিরাজ করছে। প্রশাসনের পক্ষ থেকে বলা হয়েছে, তদন্ত শেষে প্রকৃত কারণ জানা যাবে এবং দায়ীদের বিরুদ্ধে আইনানুগ ব্যবস্থা নেওয়া হবে।

এ সময় তিনি বলেন, দেশের বিভিন্ন স্থানে এ বিষয়ে আলোচনা হয়েছে। সংশ্লিষ্ট কর্তৃপক্ষ জানিয়েছে, পরিস্থিতি নিয়ন্ত্রণে সব ধরনের ব্যবস্থা নেওয়া হচ্ছে। স্থানীয় বাসিন্দারা জানান, ঘটনার পর থেকে এলাকায় উদ্বেগ বিরাজ করছে। প্রশাসনের পক্ষ থেকে বলা হয়েছে, তদন্ত শেষে প্রকৃত কারণ জানা যাবে এবং দায়ীদের বিরুদ্ধে আইনানুগ ব্যবস্থা নেওয়া হবে।

এ সময় তিনি বলেন, দেশের বিভিন্ন স্থানে এ বিষয়ে আলোচনা হয়েছে। সংশ্লিষ্ট কর্তৃপক্ষ জানিয়েছে, পরিস্থিতি নিয়ন্ত্রণে সব ধরনের ব্যবস্থা নেওয়া হচ্ছে। স্থানীয় বাসিন্দারা জানান, ঘটনার পর থেকে এলাকায় উদ্বেগ বিরাজ করছে। প্রশাসনের পক্ষ থেকে বলা হয়েছে, তদন্ত শেষে প্রকৃত কারণ জানা যাবে এবং দায়ীদের বিরুদ্ধে আইনানুগ ব্যবস্থা নেওয়া হবে।

এ সময় তিনি বলেন, দেশের বিভিন্ন স্থানে এ বিষয়ে আলোচনা হয়েছে। সংশ্লিষ্ট কর্তৃপক্ষ জানিয়েছে, পরিস্থিতি নিয়ন্ত্রণে সব ধরনের ব্যবস্থা নেওয়া হচ্ছে। স্থানীয় বাসিন্দারা জানান, ঘটনার পর থেকে এলাকায় উদ্বেগ বিরাজ করছে। প্রশাসনের পক্ষ থেকে বলা হয়েছে, তদন্ত শেষে প্রকৃত কারণ জানা যাবে এবং দায়ীদের বিরুদ্ধে আইনানুগ ব্যবস্থা নেওয়া হবে।

এ সময় তিনি বলেন, দেশের বিভিন্ন স্থানে এ বিষয়ে আলোচনা হয়েছে। সংশ্লিষ্ট কর্তৃপক্ষ জানিয়েছে, পরিস্থিতি নিয়ন্ত্রণে সব ধরনের ব্যবস্থা নেওয়া হচ্ছে। স্থানীয় বাসিন্দারা জানান, ঘটনার পর থেকে এলাকায় উদ্বেগ বিরাজ করছে। প্রশাসনের পক্ষ থেকে বলা হয়েছে, তদন্ত শেষে প্রকৃত কারণ জানা যাবে এবং দায়ীদের বিরুদ্ধে আইনানুগ ব্যবস্থা নেওয়া হবে।

এ সময় তিনি বলেন, দেশের বিভিন্ন স্থানে এ বিষয়ে আলোচনা হয়েছে। সংশ্লিষ্ট কর্তৃপক্ষ জানিয়েছে, পরিস্থিতি নিয়ন্ত্রণে সব ধরনের ব্যবস্থা নেওয়া হচ্ছে। স্থানীয় বাসিন্দারা জানান, ঘটনার পর থেকে এলাকায় উদ্বেগ বিরাজ করছে। প্রশাসনের পক্ষ থেকে বলা হয়েছে, তদন্ত শেষে প্রকৃত কারণ জানা যাবে এবং দায়ীদের বিরুদ্ধে আইনানুগ ব্যবস্থা নেওয়া হবে।

এ সময় তিনি বলেন, দেশের বিভিন্ন স্থানে এ বিষয়ে আলোচনা হয়েছে। সংশ্লিষ্ট কর্তৃপক্ষ জানিয়েছে, পরিস্থিতি নিয়ন্ত্রণে সব ধরনের ব্যবস্থা নেওয়া হচ্ছে। স্থানীয় বাসিন্দারা জানান, ঘটনার পর থেকে এলাকায় উদ্বেগ বিরাজ করছে। প্রশাসনের পক্ষ থেকে বলা হয়েছে, তদন্ত শেষে প্রকৃত কারণ জানা যাবে এবং দায়ীদের বিরুদ্ধে আইনানুগ ব্যবস্থা নেওয়া হবে।

এ সময় তিনি বলেন, দেশের বিভিন্ন স্থানে এ বিষয়ে আলোচনা হয়েছে। সংশ্লিষ্ট কর্তৃপক্ষ জানিয়েছে, পরিস্থিতি নিয়ন্ত্রণে সব ধরনের ব্যবস্থা নেওয়া হচ্ছে। স্থানীয় বাসিন্দারা জানান, ঘটনার পর থেকে এলাকায় উদ্বেগ বিরাজ করছে। প্রশাসনের পক্ষ থেকে বলা হয়েছে, তদন্ত শেষে প্রকৃত কারণ জানা যাবে এবং দায়ীদের বিরুদ্ধে আইনানুগ ব্যবস্থা নেওয়া হবে।

এ সময় তিনি বলেন, দেশের বিভিন্ন স্থানে এ বিষয়ে আলোচনা হয়েছে। সংশ্লিষ্ট কর্তৃপক্ষ জানিয়েছে, পরিস্থিতি নিয়ন্ত্রণে সব ধরনের ব্যবস্থা নেওয়া হচ্ছে। স্থানীয় বাসিন্দারা জানান, ঘটনার পর থেকে এলাকায় উদ্বেগ বিরাজ করছে। প্রশাসনের পক্ষ থেকে বলা হয়েছে, তদন্ত শেষে প্রকৃত কারণ জানা যাবে এবং দায়ীদের বিরুদ্ধে আইনানুগ ব্যবস্থা নেওয়া হবে।

এ সময় তিনি বলেন, দেশের বিভিন্ন স্থানে এ বিষয়ে আলোচনা হয়েছে। সংশ্লিষ্ট কর্তৃপক্ষ জানিয়েছে, পরিস্থিতি নিয়ন্ত্রণে সব ধরনের ব্যবস্থা নেওয়া হচ্ছে। স্থানীয় বাসিন্দারা জানান, ঘটনার পর থেকে এলাকায় উদ্বেগ বিরাজ করছে। প্রশাসনের পক্ষ থেকে বলা হয়েছে, তদন্ত শেষে প্রকৃত কারণ জানা যাবে এবং দায়ীদের বিরুদ্ধে আইনানুগ ব্যবস্থা নেওয়া হবে।

বিশ্বজুড়ে সরকারি সংস্থা-ব্যবসা প্রতিষ্ঠানে
১ম পাতার পর

এ সময় তিনি বলেন, দেশের বিভিন্ন স্থানে এ বিষয়ে আলোচনা হয়েছে। সংশ্লিষ্ট কর্তৃপক্ষ জানিয়েছে, পরিস্থিতি নিয়ন্ত্রণে সব ধরনের ব্যবস্থা নেওয়া হচ্ছে। স্থানীয় বাসিন্দারা জানান, ঘটনার পর থেকে এলাকায় উদ্বেগ বিরাজ করছে। প্রশাসনের পক্ষ থেকে বলা হয়েছে, তদন্ত শেষে প্রকৃত কারণ জানা যাবে এবং দায়ীদের বিরুদ্ধে আইনানুগ ব্যবস্থা নেওয়া হবে।

এ সময় তিনি বলেন, দেশের বিভিন্ন স্থানে এ বিষয়ে আলোচনা হয়েছে। সংশ্লিষ্ট কর্তৃপক্ষ জানিয়েছে, পরিস্থিতি নিয়ন্ত্রণে সব ধরনের ব্যবস্থা নেওয়া হচ্ছে। স্থানীয় বাসিন্দারা জানান, ঘটনার পর থেকে এলাকায় উদ্বেগ বিরাজ করছে। প্রশাসনের পক্ষ থেকে বলা হয়েছে, তদন্ত শেষে প্রকৃত কারণ জানা যাবে এবং দায়ীদের বিরুদ্ধে আইনানুগ ব্যবস্থা নেওয়া হবে।

এ সময় তিনি বলেন, দেশের বিভিন্ন স্থানে এ বিষয়ে আলোচনা হয়েছে। সংশ্লিষ্ট কর্তৃপক্ষ জানিয়েছে, পরিস্থিতি নিয়ন্ত্রণে সব ধরনের ব্যবস্থা নেওয়া হচ্ছে। স্থানীয় বাসিন্দারা জানান, ঘটনার পর থেকে এলাকায় উদ্বেগ বিরাজ করছে। প্রশাসনের পক্ষ থেকে বলা হয়েছে, তদন্ত শেষে প্রকৃত কারণ জানা যাবে এবং দায়ীদের বিরুদ্ধে আইনানুগ ব্যবস্থা নেওয়া হবে।

এ সময় তিনি বলেন, দেশের বিভিন্ন স্থানে এ বিষয়ে আলোচনা হয়েছে। সংশ্লিষ্ট কর্তৃপক্ষ জানিয়েছে, পরিস্থিতি নিয়ন্ত্রণে সব ধরনের ব্যবস্থা নেওয়া হচ্ছে। স্থানীয় বাসিন্দারা জানান, ঘটনার পর থেকে এলাকায় উদ্বেগ বিরাজ করছে। প্রশাসনের পক্ষ থেকে বলা হয়েছে, তদন্ত শেষে প্রকৃত কারণ জানা যাবে এবং দায়ীদের বিরুদ্ধে আইনানুগ ব্যবস্থা নেওয়া হবে।

এ সময় তিনি বলেন, দেশের বিভিন্ন স্থানে এ বিষয়ে আলোচনা হয়েছে। সংশ্লিষ্ট কর্তৃপক্ষ জানিয়েছে, পরিস্থিতি নিয়ন্ত্রণে সব ধরনের ব্যবস্থা নেওয়া হচ্ছে। স্থানীয় বাসিন্দারা জানান, ঘটনার পর থেকে এলাকায় উদ্বেগ বিরাজ করছে। প্রশাসনের পক্ষ থেকে বলা হয়েছে, তদন্ত শেষে প্রকৃত কারণ জানা যাবে এবং দায়ীদের বিরুদ্ধে আইনানুগ ব্যবস্থা নেওয়া হবে।

এ সময় তিনি বলেন, দেশের বিভিন্ন স্থানে এ বিষয়ে আলোচনা হয়েছে। সংশ্লিষ্ট কর্তৃপক্ষ জানিয়েছে, পরিস্থিতি নিয়ন্ত্রণে সব ধরনের ব্যবস্থা নেওয়া হচ্ছে। স্থানীয় বাসিন্দারা জানান, ঘটনার পর থেকে এলাকায় উদ্বেগ বিরাজ করছে। প্রশাসনের পক্ষ থেকে বলা হয়েছে, তদন্ত শেষে প্রকৃত কারণ জানা যাবে এবং দায়ীদের বিরুদ্ধে আইনানুগ ব্যবস্থা নেওয়া হবে।

এ সময় তিনি বলেন, দেশের বিভিন্ন স্থানে এ বিষয়ে আলোচনা হয়েছে। সংশ্লিষ্ট কর্তৃপক্ষ জানিয়েছে, পরিস্থিতি নিয়ন্ত্রণে সব ধরনের ব্যবস্থা নেওয়া হচ্ছে। স্থানীয় বাসিন্দারা জানান, ঘটনার পর থেকে এলাকায় উদ্বেগ বিরাজ করছে। প্রশাসনের পক্ষ থেকে বলা হয়েছে, তদন্ত শেষে প্রকৃত কারণ জানা যাবে এবং দায়ীদের বিরুদ্ধে আইনানুগ ব্যবস্থা নেওয়া হবে।

এ সময় তিনি বলেন, দেশের বিভিন্ন স্থানে এ বিষয়ে আলোচনা হয়েছে। সংশ্লিষ্ট কর্তৃপক্ষ জানিয়েছে, পরিস্থিতি নিয়ন্ত্রণে সব ধরনের ব্যবস্থা নেওয়া হচ্ছে। স্থানীয় বাসিন্দারা জানান, ঘটনার পর থেকে এলাকায় উদ্বেগ বিরাজ করছে। প্রশাসনের পক্ষ থেকে বলা হয়েছে, তদন্ত শেষে প্রকৃত কারণ জানা যাবে এবং দায়ীদের বিরুদ্ধে আইনানুগ ব্যবস্থা নেওয়া হবে।

গোটা বিশ্ব ভারতের সামরিক শক্তি
১ম পাতার পর

এ সময় তিনি বলেন, দেশের বিভিন্ন স্থানে এ বিষয়ে আলোচনা হয়েছে। সংশ্লিষ্ট কর্তৃপক্ষ জানিয়েছে, পরিস্থিতি নিয়ন্ত্রণে সব ধরনের ব্যবস্থা নেওয়া হচ্ছে। স্থানীয় বাসিন্দারা জানান, ঘটনার পর থেকে এলাকায় উদ্বেগ বিরাজ করছে। প্রশাসনের পক্ষ থেকে বলা হয়েছে, তদন্ত শেষে প্রকৃত কারণ জানা যাবে এবং দায়ীদের বিরুদ্ধে আইনানুগ ব্যবস্থা নেওয়া হবে।

এ সময় তিনি বলেন, দেশের বিভিন্ন স্থানে এ বিষয়ে আলোচনা হয়েছে। সংশ্লিষ্ট কর্তৃপক্ষ জানিয়েছে, পরিস্থিতি নিয়ন্ত্রণে সব ধরনের ব্যবস্থা নেওয়া হচ্ছে। স্থানীয় বাসিন্দারা জানান, ঘটনার পর থেকে এলাকায় উদ্বেগ বিরাজ করছে। প্রশাসনের পক্ষ থেকে বলা হয়েছে, তদন্ত শেষে প্রকৃত কারণ জানা যাবে এবং দায়ীদের বিরুদ্ধে আইনানুগ ব্যবস্থা নেওয়া হবে।

এ সময় তিনি বলেন, দেশের বিভিন্ন স্থানে এ বিষয়ে আলোচনা হয়েছে। সংশ্লিষ্ট কর্তৃপক্ষ জানিয়েছে, পরিস্থিতি নিয়ন্ত্রণে সব ধরনের ব্যবস্থা নেওয়া হচ্ছে। স্থানীয় বাসিন্দারা জানান, ঘটনার পর থেকে এলাকায় উদ্বেগ বিরাজ করছে। প্রশাসনের পক্ষ থেকে বলা হয়েছে, তদন্ত শেষে প্রকৃত কারণ জানা যাবে এবং দায়ীদের বিরুদ্ধে আইনানুগ ব্যবস্থা নেওয়া হবে।

এ সময় তিনি বলেন, দেশের বিভিন্ন স্থানে এ বিষয়ে আলোচনা হয়েছে। সংশ্লিষ্ট কর্তৃপক্ষ জানিয়েছে, পরিস্থিতি নিয়ন্ত্রণে সব ধরনের ব্যবস্থা নেওয়া হচ্ছে। স্থানীয় বাসিন্দারা জানান, ঘটনার পর থেকে এলাকায় উদ্বেগ বিরাজ করছে। প্রশাসনের পক্ষ থেকে বলা হয়েছে, তদন্ত শেষে প্রকৃত কারণ জানা যাবে এবং দায়ীদের বিরুদ্ধে আইনানুগ ব্যবস্থা নেওয়া হবে।

এ সময় তিনি বলেন, দেশের বিভিন্ন স্থানে এ বিষয়ে আলোচনা হয়েছে। সংশ্লিষ্ট কর্তৃপক্ষ জানিয়েছে, পরিস্থিতি নিয়ন্ত্রণে সব ধরনের ব্যবস্থা নেওয়া হচ্ছে। স্থানীয় বাসিন্দারা জানান, ঘটনার পর থেকে এলাকায় উদ্বেগ বিরাজ করছে। প্রশাসনের পক্ষ থেকে বলা হয়েছে, তদন্ত শেষে প্রকৃত কারণ জানা যাবে এবং দায়ীদের বিরুদ্ধে আইনানুগ ব্যবস্থা নেওয়া হবে।

প্রত্যক্ষদর্শীর বর্ণনায় কী ঘটেছিল
১ম পাতার পর

এ সময় তিনি বলেন, দেশের বিভিন্ন স্থানে এ বিষয়ে আলোচনা হয়েছে। সংশ্লিষ্ট কর্তৃপক্ষ জানিয়েছে, পরিস্থিতি নিয়ন্ত্রণে সব ধরনের ব্যবস্থা নেওয়া হচ্ছে। স্থানীয় বাসিন্দারা জানান, ঘটনার পর থেকে এলাকায় উদ্বেগ বিরাজ করছে। প্রশাসনের পক্ষ থেকে বলা হয়েছে, তদন্ত শেষে প্রকৃত কারণ জানা যাবে এবং দায়ীদের বিরুদ্ধে আইনানুগ ব্যবস্থা নেওয়া হবে।

এ সময় তিনি বলেন, দেশের বিভিন্ন স্থানে এ বিষয়ে আলোচনা হয়েছে। সংশ্লিষ্ট কর্তৃপক্ষ জানিয়েছে, পরিস্থিতি নিয়ন্ত্রণে সব ধরনের ব্যবস্থা নেওয়া হচ্ছে। স্থানীয় বাসিন্দারা জানান, ঘটনার পর থেকে এলাকায় উদ্বেগ বিরাজ করছে। প্রশাসনের পক্ষ থেকে বলা হয়েছে, তদন্ত শেষে প্রকৃত কারণ জানা যাবে এবং দায়ীদের বিরুদ্ধে আইনানুগ ব্যবস্থা নেওয়া হবে।

এ সময় তিনি বলেন, দেশের বিভিন্ন স্থানে এ বিষয়ে আলোচনা হয়েছে। সংশ্লিষ্ট কর্তৃপক্ষ জানিয়েছে, পরিস্থিতি নিয়ন্ত্রণে সব ধরনের ব্যবস্থা নেওয়া হচ্ছে। স্থানীয় বাসিন্দারা জানান, ঘটনার পর থেকে এলাকায় উদ্বেগ বিরাজ করছে। প্রশাসনের পক্ষ থেকে বলা হয়েছে, তদন্ত শেষে প্রকৃত কারণ জানা যাবে এবং দায়ীদের বিরুদ্ধে আইনানুগ ব্যবস্থা নেওয়া হবে।

এ সময় তিনি বলেন, দেশের বিভিন্ন স্থানে এ বিষয়ে আলোচনা হয়েছে। সংশ্লিষ্ট কর্তৃপক্ষ জানিয়েছে, পরিস্থিতি নিয়ন্ত্রণে সব ধরনের ব্যবস্থা নেওয়া হচ্ছে। স্থানীয় বাসিন্দারা জানান, ঘটনার পর থেকে এলাকায় উদ্বেগ বিরাজ করছে। প্রশাসনের পক্ষ থেকে বলা হয়েছে, তদন্ত শেষে প্রকৃত কারণ জানা যাবে এবং দায়ীদের বিরুদ্ধে আইনানুগ ব্যবস্থা নেওয়া হবে।

এ সময় তিনি বলেন, দেশের বিভিন্ন স্থানে এ বিষয়ে আলোচনা হয়েছে। সংশ্লিষ্ট কর্তৃপক্ষ জানিয়েছে, পরিস্থিতি নিয়ন্ত্রণে সব ধরনের ব্যবস্থা নেওয়া হচ্ছে। স্থানীয় বাসিন্দারা জানান, ঘটনার পর থেকে এলাকায় উদ্বেগ বিরাজ করছে। প্রশাসনের পক্ষ থেকে বলা হয়েছে, তদন্ত শেষে প্রকৃত কারণ জানা যাবে এবং দায়ীদের বিরুদ্ধে আইনানুগ ব্যবস্থা নেওয়া হবে।

এ সময় তিনি বলেন, দেশের বিভিন্ন স্থানে এ বিষয়ে আলোচনা হয়েছে। সংশ্লিষ্ট কর্তৃপক্ষ জানিয়েছে, পরিস্থিতি নিয়ন্ত্রণে সব ধরনের ব্যবস্থা নেওয়া হচ্ছে। স্থানীয় বাসিন্দারা জানান, ঘটনার পর থেকে এলাকায় উদ্বেগ বিরাজ করছে। প্রশাসনের পক্ষ থেকে বলা হয়েছে, তদন্ত শেষে প্রকৃত কারণ জানা যাবে এবং দায়ীদের বিরুদ্ধে আইনানুগ ব্যবস্থা নেওয়া হবে।

এ সময় তিনি বলেন, দেশের বিভিন্ন স্থানে এ বিষয়ে আলোচনা হয়েছে। সংশ্লিষ্ট কর্তৃপক্ষ জানিয়েছে, পরিস্থিতি নিয়ন্ত্রণে সব ধরনের ব্যবস্থা নেওয়া হচ্ছে। স্থানীয় বাসিন্দারা জানান, ঘটনার পর থেকে এলাকায় উদ্বেগ বিরাজ করছে। প্রশাসনের পক্ষ থেকে বলা হয়েছে, তদন্ত শেষে প্রকৃত কারণ জানা যাবে এবং দায়ীদের বিরুদ্ধে আইনানুগ ব্যবস্থা নেওয়া হবে।

এ সময় তিনি বলেন, দেশের বিভিন্ন স্থানে এ বিষয়ে আলোচনা হয়েছে। সংশ্লিষ্ট কর্তৃপক্ষ জানিয়েছে, পরিস্থিতি নিয়ন্ত্রণে সব ধরনের ব্যবস্থা নেওয়া হচ্ছে। স্থানীয় বাসিন্দারা জানান, ঘটনার পর থেকে এলাকায় উদ্বেগ বিরাজ করছে। প্রশাসনের পক্ষ থেকে বলা হয়েছে, তদন্ত শেষে প্রকৃত কারণ জানা যাবে এবং দায়ীদের বিরুদ্ধে আইনানুগ ব্যবস্থা নেওয়া হবে।

এ সময় তিনি বলেন, দেশের বিভিন্ন স্থানে এ বিষয়ে আলোচনা হয়েছে। সংশ্লিষ্ট কর্তৃপক্ষ জানিয়েছে, পরিস্থিতি নিয়ন্ত্রণে সব ধরনের ব্যবস্থা নেওয়া হচ্ছে। স্থানীয় বাসিন্দারা জানান, ঘটনার পর থেকে এলাকায় উদ্বেগ বিরাজ করছে। প্রশাসনের পক্ষ থেকে বলা হয়েছে, তদন্ত শেষে প্রকৃত কারণ জানা যাবে এবং দায়ীদের বিরুদ্ধে আইনানুগ ব্যবস্থা নেওয়া হবে।

এ সময় তিনি বলেন, দেশের বিভিন্ন স্থানে এ বিষয়ে আলোচনা হয়েছে। সংশ্লিষ্ট কর্তৃপক্ষ জানিয়েছে, পরিস্থিতি নিয়ন্ত্রণে সব ধরনের ব্যবস্থা নেওয়া হচ্ছে। স্থানীয় বাসিন্দারা জানান, ঘটনার পর থেকে এলাকায় উদ্বেগ বিরাজ করছে। প্রশাসনের পক্ষ থেকে বলা হয়েছে, তদন্ত শেষে প্রকৃত কারণ জানা যাবে এবং দায়ীদের বিরুদ্ধে আইনানুগ ব্যবস্থা নেওয়া হবে।

আন্তর্জাতিক সংবাদমাধ্যমে উত্তরার
১ম পাতার পর

এ সময় তিনি বলেন, দেশের বিভিন্ন স্থানে এ বিষয়ে আলোচনা হয়েছে। সংশ্লিষ্ট কর্তৃপক্ষ জানিয়েছে, পরিস্থিতি নিয়ন্ত্রণে সব ধরনের ব্যবস্থা নেওয়া হচ্ছে। স্থানীয় বাসিন্দারা জানান, ঘটনার পর থেকে এলাকায় উদ্বেগ বিরাজ করছে। প্রশাসনের পক্ষ থেকে বলা হয়েছে, তদন্ত শেষে প্রকৃত কারণ জানা যাবে এবং দায়ীদের বিরুদ্ধে আইনানুগ ব্যবস্থা নেওয়া হবে।

এ সময় তিনি বলেন, দেশের বিভিন্ন স্থানে এ বিষয়ে আলোচনা হয়েছে। সংশ্লিষ্ট কর্তৃপক্ষ জানিয়েছে, পরিস্থিতি নিয়ন্ত্রণে সব ধরনের ব্যবস্থা নেওয়া হচ্ছে। স্থানীয় বাসিন্দারা জানান, ঘটনার পর থেকে এলাকায় উদ্বেগ বিরাজ করছে। প্রশাসনের পক্ষ থেকে বলা হয়েছে, তদন্ত শেষে প্রকৃত কারণ জানা যাবে এবং দায়ীদের বিরুদ্ধে আইনানুগ ব্যবস্থা নেওয়া হবে।

আহতদের চিকিৎসায় হিমশিম খাচ্ছে বার্ন
১ম পাতার পর

এ সময় তিনি বলেন, দেশের বিভিন্ন স্থানে এ বিষয়ে আলোচনা হয়েছে। সংশ্লিষ্ট কর্তৃপক্ষ জানিয়েছে, পরিস্থিতি নিয়ন্ত্রণে সব ধরনের ব্যবস্থা নেওয়া হচ্ছে। স্থানীয় বাসিন্দারা জানান, ঘটনার পর থেকে এলাকায় উদ্বেগ বিরাজ করছে। প্রশাসনের পক্ষ থেকে বলা হয়েছে, তদন্ত শেষে প্রকৃত কারণ জানা যাবে এবং দায়ীদের বিরুদ্ধে আইনানুগ ব্যবস্থা নেওয়া হবে।

এ সময় তিনি বলেন, দেশের বিভিন্ন স্থানে এ বিষয়ে আলোচনা হয়েছে। সংশ্লিষ্ট কর্তৃপক্ষ জানিয়েছে, পরিস্থিতি নিয়ন্ত্রণে সব ধরনের ব্যবস্থা নেওয়া হচ্ছে। স্থানীয় বাসিন্দারা জানান, ঘটনার পর থেকে এলাকায় উদ্বেগ বিরাজ করছে। প্রশাসনের পক্ষ থেকে বলা হয়েছে, তদন্ত শেষে প্রকৃত কারণ জানা যাবে এবং দায়ীদের বিরুদ্ধে আইনানুগ ব্যবস্থা নেওয়া হবে।

এ সময় তিনি বলেন, দেশের বিভিন্ন স্থানে এ বিষয়ে আলোচনা হয়েছে। সংশ্লিষ্ট কর্তৃপক্ষ জানিয়েছে, পরিস্থিতি নিয়ন্ত্রণে সব ধরনের ব্যবস্থা নেওয়া হচ্ছে। স্থানীয় বাসিন্দারা জানান, ঘটনার পর থেকে এলাকায় উদ্বেগ বিরাজ করছে। প্রশাসনের পক্ষ থেকে বলা হয়েছে, তদন্ত শেষে প্রকৃত কারণ জানা যাবে এবং দায়ীদের বিরুদ্ধে আইনানুগ ব্যবস্থা নেওয়া হবে।

এ সময় তিনি বলেন, দেশের বিভিন্ন স্থানে এ বিষয়ে আলোচনা হয়েছে। সংশ্লিষ্ট কর্তৃপক্ষ জানিয়েছে, পরিস্থিতি নিয়ন্ত্রণে সব ধরনের ব্যবস্থা নেওয়া হচ্ছে। স্থানীয় বাসিন্দারা জানান, ঘটনার পর থেকে এলাকায় উদ্বেগ বিরাজ করছে। প্রশাসনের পক্ষ থেকে বলা হয়েছে, তদন্ত শেষে প্রকৃত কারণ জানা যাবে এবং দায়ীদের বিরুদ্ধে আইনানুগ ব্যবস্থা নেওয়া হবে।

এ সময় তিনি বলেন, দেশের বিভিন্ন স্থানে এ বিষয়ে আলোচনা হয়েছে। সংশ্লিষ্ট কর্তৃপক্ষ জানিয়েছে, পরিস্থিতি নিয়ন্ত্রণে সব ধরনের ব্যবস্থা নেওয়া হচ্ছে। স্থানীয় বাসিন্দারা জানান, ঘটনার পর থেকে এলাকায় উদ্বেগ বিরাজ করছে। প্রশাসনের পক্ষ থেকে বলা হয়েছে, তদন্ত শেষে প্রকৃত কারণ জানা যাবে এবং দায়ীদের বিরুদ্ধে আইনানুগ ব্যবস্থা নেওয়া হবে।

এ সময় তিনি বলেন, দেশের বিভিন্ন স্থানে এ বিষয়ে আলোচনা হয়েছে। সংশ্লিষ্ট কর্তৃপক্ষ জানিয়েছে, পরিস্থিতি নিয়ন্ত্রণে সব ধরনের ব্যবস্থা নেওয়া হচ্ছে। স্থানীয় বাসিন্দারা জানান, ঘটনার পর থেকে এলাকায় উদ্বেগ বিরাজ করছে। প্রশাসনের পক্ষ থেকে বলা হয়েছে, তদন্ত শেষে প্রকৃত কারণ জানা যাবে এবং দায়ীদের বিরুদ্ধে আইনানুগ ব্যবস্থা নেওয়া হবে।

এ সময় তিনি বলেন, দেশের বিভিন্ন স্থানে এ বিষয়ে আলোচনা হয়েছে। সংশ্লিষ্ট কর্তৃপক্ষ জানিয়েছে, পরিস্থিতি নিয়ন্ত্রণে সব ধরনের ব্যবস্থা নেওয়া হচ্ছে। স্থানীয় বাসিন্দারা জানান, ঘটনার পর থেকে এলাকায় উদ্বেগ বিরাজ করছে। প্রশাসনের পক্ষ থেকে বলা হয়েছে, তদন্ত শেষে প্রকৃত কারণ জানা যাবে এবং দায়ীদের বিরুদ্ধে আইনানুগ ব্যবস্থা নেওয়া হবে।

এ সময় তিনি বলেন, দেশের বিভিন্ন স্থানে এ বিষয়ে আলোচনা হয়েছে। সংশ্লিষ্ট কর্তৃপক্ষ জানিয়েছে, পরিস্থিতি নিয়ন্ত্রণে সব ধরনের ব্যবস্থা নেওয়া হচ্ছে। স্থানীয় বাসিন্দারা জানান, ঘটনার পর থেকে এলাকায় উদ্বেগ বিরাজ করছে। প্রশাসনের পক্ষ থেকে বলা হয়েছে, তদন্ত শেষে প্রকৃত কারণ জানা যাবে এবং দায়ীদের বিরুদ্ধে আইনানুগ ব্যবস্থা নেওয়া হবে।

এ সময় তিনি বলেন, দেশের বিভিন্ন স্থানে এ বিষয়ে আলোচনা হয়েছে। সংশ্লিষ্ট কর্তৃপক্ষ জানিয়েছে, পরিস্থিতি নিয়ন্ত্রণে সব ধরনের ব্যবস্থা নেওয়া হচ্ছে। স্থানীয় বাসিন্দারা জানান, ঘটনার পর থেকে এলাকায় উদ্বেগ বিরাজ করছে। প্রশাসনের পক্ষ থেকে বলা হয়েছে, তদন্ত শেষে প্রকৃত কারণ জানা যাবে এবং দায়ীদের বিরুদ্ধে আইনানুগ ব্যবস্থা নেওয়া হবে।

এ সময় তিনি বলেন, দেশের বিভিন্ন স্থানে এ বিষয়ে আলোচনা হয়েছে। সংশ্লিষ্ট কর্তৃপক্ষ জানিয়েছে, পরিস্থিতি নিয়ন্ত্রণে সব ধরনের ব্যবস্থা নেওয়া হচ্ছে। স্থানীয় বাসিন্দারা জানান, ঘটনার পর থেকে এলাকায় উদ্বেগ বিরাজ করছে। প্রশাসনের পক্ষ থেকে বলা হয়েছে, তদন্ত শেষে প্রকৃত কারণ জানা যাবে এবং দায়ীদের বিরুদ্ধে আইনানুগ ব্যবস্থা নেওয়া হবে।

এ সময় তিনি বলেন, দেশের বিভিন্ন স্থানে এ বিষয়ে আলোচনা হয়েছে। সংশ্লিষ্ট কর্তৃপক্ষ জানিয়েছে, পরিস্থিতি নিয়ন্ত্রণে সব ধরনের ব্যবস্থা নেওয়া হচ্ছে। স্থানীয় বাসিন্দারা জানান, ঘটনার পর থেকে এলাকায় উদ্বেগ বিরাজ করছে। প্রশাসনের পক্ষ থেকে বলা হয়েছে, তদন্ত শেষে প্রকৃত কারণ জানা যাবে এবং দায়ীদের বিরুদ্ধে আইনানুগ ব্যবস্থা নেওয়া হবে।

এ সময় তিনি বলেন, দেশের বিভিন্ন স্থানে এ বিষয়ে আলোচনা হয়েছে। সংশ্লিষ্ট কর্তৃপক্ষ জানিয়েছে, পরিস্থিতি নিয়ন্ত্রণে সব ধরনের ব্যবস্থা নেওয়া হচ্ছে। স্থানীয় বাসিন্দারা জানান, ঘটনার পর থেকে এলাকায় উদ্বেগ বিরাজ করছে। প্রশাসনের পক্ষ থেকে বলা হয়েছে, তদন্ত শেষে প্রকৃত কারণ জানা যাবে এবং দায়ীদের বিরুদ্ধে আইনানুগ ব্যবস্থা নেওয়া হবে।

এ সময় তিনি বলেন, দেশের বিভিন্ন স্থানে এ বিষয়ে আলোচনা হয়েছে। সংশ্লিষ্ট কর্তৃপক্ষ জানিয়েছে, পরিস্থিতি নিয়ন্ত্রণে সব ধরনের ব্যবস্থা নেওয়া হচ্ছে। স্থানীয় বাসিন্দারা জানান, ঘটনার পর থেকে এলাকায় উদ্বেগ বিরাজ করছে। প্রশাসনের পক্ষ থেকে বলা হয়েছে, তদন্ত শেষে প্রকৃত কারণ জানা যাবে এবং দায়ীদের বিরুদ্ধে আইনানুগ ব্যবস্থা নেওয়া হবে।

এ সময় তিনি বলেন, দেশের বিভিন্ন স্থানে এ বিষয়ে আলোচনা হয়েছে। সংশ্লিষ্ট কর্তৃপক্ষ জানিয়েছে, পরিস্থিতি নিয়ন্ত্রণে সব ধরনের ব্যবস্থা নেওয়া হচ্ছে। স্থানীয় বাসিন্দারা জানান, ঘটনার পর থেকে এলাকায় উদ্বেগ বিরাজ করছে। প্রশাসনের পক্ষ থেকে বলা হয়েছে, তদন্ত শেষে প্রকৃত কারণ জানা যাবে এবং দায়ীদের বিরুদ্ধে আইনানুগ ব্যবস্থা নেওয়া হবে।

স্বজনদের গগনবিদারী আহাজারি
১ম পাতার পর

এ সময় তিনি বলেন, দেশের বিভিন্ন স্থানে এ বিষয়ে আলোচনা হয়েছে। সংশ্লিষ্ট কর্তৃপক্ষ জানিয়েছে, পরিস্থিতি নিয়ন্ত্রণে সব ধরনের ব্যবস্থা নেওয়া হচ্ছে। স্থানীয় বাসিন্দারা জানান, ঘটনার পর থেকে এলাকায় উদ্বেগ বিরাজ করছে। প্রশাসনের পক্ষ থেকে বলা হয়েছে, তদন্ত শেষে প্রকৃত কারণ জানা যাবে এবং দায়ীদের বিরুদ্ধে আইনানুগ ব্যবস্থা নেওয়া হবে।

এ সময় তিনি বলেন, দেশের বিভিন্ন স্থানে এ বিষয়ে আলোচনা হয়েছে। সংশ্লিষ্ট কর্তৃপক্ষ জানিয়েছে, পরিস্থিতি নিয়ন্ত্রণে সব ধরনের ব্যবস্থা নেওয়া হচ্ছে। স্থানীয় বাসিন্দারা জানান, ঘটনার পর থেকে এলাকায় উদ্বেগ বিরাজ করছে। প্রশাসনের পক্ষ থেকে বলা হয়েছে, তদন্ত শেষে প্রকৃত কারণ জানা যাবে এবং দায়ীদের বিরুদ্ধে আইনানুগ ব্যবস্থা নেওয়া হবে।

এ সময় তিনি বলেন, দেশের বিভিন্ন স্থানে এ বিষয়ে আলোচনা হয়েছে। সংশ্লিষ্ট কর্তৃপক্ষ জানিয়েছে, পরিস্থিতি নিয়ন্ত্রণে সব ধরনের ব্যবস্থা নেওয়া হচ্ছে। স্থানীয় বাসিন্দারা জানান, ঘটনার পর থেকে এলাকায় উদ্বেগ বিরাজ করছে। প্রশাসনের পক্ষ থেকে বলা হয়েছে, তদন্ত শেষে প্রকৃত কারণ জানা যাবে এবং দায়ীদের বিরুদ্ধে আইনানুগ ব্যবস্থা নেওয়া হবে।

এ সময় তিনি বলেন, দেশের বিভিন্ন স্থানে এ বিষয়ে আলোচনা হয়েছে। সংশ্লিষ্ট কর্তৃপক্ষ জানিয়েছে, পরিস্থিতি নিয়ন্ত্রণে সব ধরনের ব্যবস্থা নেওয়া হচ্ছে। স্থানীয় বাসিন্দারা জানান, ঘটনার পর থেকে এলাকায় উদ্বেগ বিরাজ করছে। প্রশাসনের পক্ষ থেকে বলা হয়েছে, তদন্ত শেষে প্রকৃত কারণ জানা যাবে এবং দায়ীদের বিরুদ্ধে আইনানুগ ব্যবস্থা নেওয়া হবে।

এ সময় তিনি বলেন, দেশের বিভিন্ন স্থানে এ বিষয়ে আলোচনা হয়েছে। সংশ্লিষ্ট কর্তৃপক্ষ জানিয়েছে, পরিস্থিতি নিয়ন্ত্রণে সব ধরনের ব্যবস্থা নেওয়া হচ্ছে। স্থানীয় বাসিন্দারা জানান, ঘটনার পর থেকে এলাকায় উদ্বেগ বিরাজ করছে। প্রশাসনের পক্ষ থেকে বলা হয়েছে, তদন্ত শেষে প্রকৃত কারণ জানা যাবে এবং দায়ীদের বিরুদ্ধে আইনানুগ ব্যবস্থা নেওয়া হবে।

এ সময় তিনি বলেন, দেশের বিভিন্ন স্থানে এ বিষয়ে আলোচনা হয়েছে। সংশ্লিষ্ট কর্তৃপক্ষ জানিয়েছে, পরিস্থিতি নিয়ন্ত্রণে সব ধরনের ব্যবস্থা নেওয়া হচ্ছে। স্থানীয় বাসিন্দারা জানান, ঘটনার পর থেকে এলাকায় উদ্বেগ বিরাজ করছে। প্রশাসনের পক্ষ থেকে বলা হয়েছে, তদন্ত শেষে প্রকৃত কারণ জানা যাবে এবং দায়ীদের বিরুদ্ধে আইনানুগ ব্যবস্থা নেওয়া হবে।

এ সময় তিনি বলেন, দেশের বিভিন্ন স্থানে এ বিষয়ে আলোচনা হয়েছে। সংশ্লিষ্ট কর্তৃপক্ষ জানিয়েছে, পরিস্থিতি নিয়ন্ত্রণে সব ধরনের ব্যবস্থা নেওয়া হচ্ছে। স্থানীয় বাসিন্দারা জানান, ঘটনার পর থেকে এলাকায় উদ্বেগ বিরাজ করছে। প্রশাসনের পক্ষ থেকে বলা হয়েছে, তদন্ত শেষে প্রকৃত কারণ জানা যাবে এবং দায়ীদের বিরুদ্ধে আইনানুগ ব্যবস্থা নেওয়া হবে।

এ সময় তিনি বলেন, দেশের বিভিন্ন স্থানে এ বিষয়ে আলোচনা হয়েছে। সংশ্লিষ্ট কর্তৃপক্ষ জানিয়েছে, পরিস্থিতি নিয়ন্ত্রণে সব ধরনের ব্যবস্থা নেওয়া হচ্ছে। স্থানীয় বাসিন্দারা জানান, ঘটনার পর থেকে এলাকায় উদ্বেগ বিরাজ করছে। প্রশাসনের পক্ষ থেকে বলা হয়েছে, তদন্ত শেষে প্রকৃত কারণ জানা যাবে এবং দায়ীদের বিরুদ্ধে আইনানুগ ব্যবস্থা নেওয়া হবে।

এ সময় তিনি বলেন, দেশের বিভিন্ন স্থানে এ বিষয়ে আলোচনা হয়েছে। সংশ্লিষ্ট কর্তৃপক্ষ জানিয়েছে, পরিস্থিতি নিয়ন্ত্রণে সব ধরনের ব্যবস্থা নেওয়া হচ্ছে। স্থানীয় বাসিন্দারা জানান, ঘটনার পর থেকে এলাকায় উদ্বেগ বিরাজ করছে। প্রশাসনের পক্ষ থেকে বলা হয়েছে, তদন্ত শেষে প্রকৃত কারণ জানা যাবে এবং দায়ীদের বিরুদ্ধে আইনানুগ ব্যবস্থা নেওয়া হবে।

এ সময় তিনি বলেন, দেশের বিভিন্ন স্থানে এ বিষয়ে আলোচনা হয়েছে। সংশ্লিষ্ট কর্তৃপক্ষ জানিয়েছে, পরিস্থিতি নিয়ন্ত্রণে সব ধরনের ব্যবস্থা নেওয়া হচ্ছে। স্থানীয় বাসিন্দারা জানান, ঘটনার পর থেকে এলাকায় উদ্বেগ বিরাজ করছে। প্রশাসনের পক্ষ থেকে বলা হয়েছে, তদন্ত শেষে প্রকৃত কারণ জানা যাবে এবং দায়ীদের বিরুদ্ধে আইনানুগ ব্যবস্থা নেওয়া হবে।

বিমানটি জনবিরল এলাকায় নেওয়ার
১ম পাতার পর

এ সময় তিনি বলেন, দেশের বিভিন্ন স্থানে এ বিষয়ে আলোচনা হয়েছে। সংশ্লিষ্ট কর্তৃপক্ষ জানিয়েছে, পরিস্থিতি নিয়ন্ত্রণে সব ধরনের ব্যবস্থা নেওয়া হচ্ছে। স্থানীয় বাসিন্দারা জানান, ঘটনার পর থেকে এলাকায় উদ্বেগ বিরাজ করছে। প্রশাসনের পক্ষ থেকে বলা হয়েছে, তদন্ত শেষে প্রকৃত কারণ জানা যাবে এবং দায়ীদের বিরুদ্ধে আইনানুগ ব্যবস্থা নেওয়া হবে।

এ সময় তিনি বলেন, দেশের বিভিন্ন স্থানে এ বিষয়ে আলোচনা হয়েছে। সংশ্লিষ্ট কর্তৃপক্ষ জানিয়েছে, পরিস্থিতি নিয়ন্ত্রণে সব ধরনের ব্যবস্থা নেওয়া হচ্ছে। স্থানীয় বাসিন্দারা জানান, ঘটনার পর থেকে এলাকায় উদ্বেগ বিরাজ করছে। প্রশাসনের পক্ষ থেকে বলা হয়েছে, তদন্ত শেষে প্রকৃত কারণ জানা যাবে এবং দায়ীদের বিরুদ্ধে আইনানুগ ব্যবস্থা নেওয়া হবে।

এ সময় তিনি বলেন, দেশের বিভিন্ন স্থানে এ বিষয়ে আলোচনা হয়েছে। সংশ্লিষ্ট কর্তৃপক্ষ জানিয়েছে, পরিস্থিতি নিয়ন্ত্রণে সব ধরনের ব্যবস্থা নেওয়া হচ্ছে। স্থানীয় বাসিন্দারা জানান, ঘটনার পর থেকে এলাকায় উদ্বেগ বিরাজ করছে। প্রশাসনের পক্ষ থেকে বলা হয়েছে, তদন্ত শেষে প্রকৃত কারণ জানা যাবে এবং দায়ীদের বিরুদ্ধে আইনানুগ ব্যবস্থা নেওয়া হবে।

বিমান দুর্ঘটনায় উচ্চপর্যায়ের তদন্ত কমিটি
১ম পাতার পর

এ সময় তিনি বলেন, দেশের বিভিন্ন স্থানে এ বিষয়ে আলোচনা হয়েছে। সংশ্লিষ্ট কর্তৃপক্ষ জানিয়েছে, পরিস্থিতি নিয়ন্ত্রণে সব ধরনের ব্যবস্থা নেওয়া হচ্ছে। স্থানীয় বাসিন্দারা জানান, ঘটনার পর থেকে এলাকায় উদ্বেগ বিরাজ করছে। প্রশাসনের পক্ষ থেকে বলা হয়েছে, তদন্ত শেষে প্রকৃত কারণ জানা যাবে এবং দায়ীদের বিরুদ্ধে আইনানুগ ব্যবস্থা নেওয়া হবে।

এ সময় তিনি বলেন, দেশের বিভিন্ন স্থানে এ বিষয়ে আলোচনা হয়েছে। সংশ্লিষ্ট কর্তৃপক্ষ জানিয়েছে, পরিস্থিতি নিয়ন্ত্রণে সব ধরনের ব্যবস্থা নেওয়া হচ্ছে। স্থানীয় বাসিন্দারা জানান, ঘটনার পর থেকে এলাকায় উদ্বেগ বিরাজ করছে। প্রশাসনের পক্ষ থেকে বলা হয়েছে, তদন্ত শেষে প্রকৃত কারণ জানা যাবে এবং দায়ীদের বিরুদ্ধে আইনানুগ ব্যবস্থা নেওয়া হবে।

এ সময় তিনি বলেন, দেশের বিভিন্ন স্থানে এ বিষয়ে আলোচনা হয়েছে। সংশ্লিষ্ট কর্তৃপক্ষ জানিয়েছে, পরিস্থিতি নিয়ন্ত্রণে সব ধরনের ব্যবস্থা নেওয়া হচ্ছে। স্থানীয় বাসিন্দারা জানান, ঘটনার পর থেকে এলাকায় উদ্বেগ বিরাজ করছে। প্রশাসনের পক্ষ থেকে বলা হয়েছে, তদন্ত শেষে প্রকৃত কারণ জানা যাবে এবং দায়ীদের বিরুদ্ধে আইনানুগ ব্যবস্থা নেওয়া হবে।
